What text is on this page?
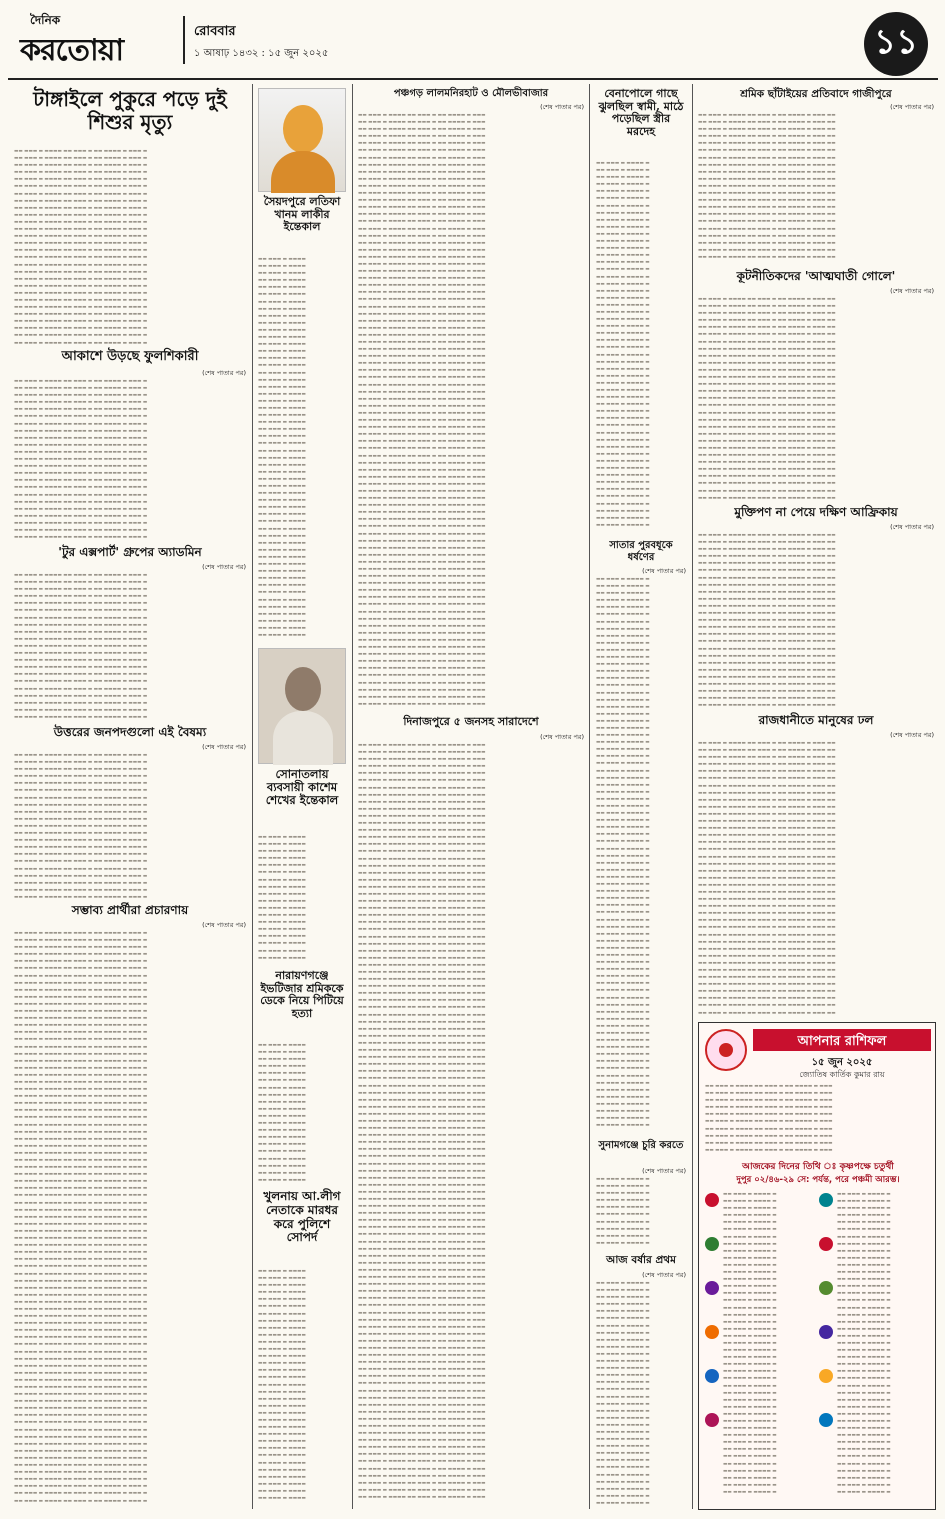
দৈনিক
করতোয়া
রোববার
১ আষাঢ় ১৪৩২ : ১৫ জুন ২০২৫	১১
টাঙ্গাইলে পুকুরে পড়ে দুই শিশুর মৃত্যু
▬▬ ▬▬▬ ▬ ▬▬▬▬ ▬▬ ▬▬▬ ▬ ▬▬ ▬▬▬▬ ▬ ▬▬▬ ▬
▬▬ ▬▬▬ ▬ ▬▬▬▬ ▬▬ ▬▬▬ ▬ ▬▬ ▬▬▬▬ ▬ ▬▬▬ ▬
▬▬ ▬▬▬ ▬ ▬▬▬▬ ▬▬ ▬▬▬ ▬ ▬▬ ▬▬▬▬ ▬ ▬▬▬ ▬
▬▬ ▬▬▬ ▬ ▬▬▬▬ ▬▬ ▬▬▬ ▬ ▬▬ ▬▬▬▬ ▬ ▬▬▬ ▬
▬▬ ▬▬▬ ▬ ▬▬▬▬ ▬▬ ▬▬▬ ▬ ▬▬ ▬▬▬▬ ▬ ▬▬▬ ▬
▬▬ ▬▬▬ ▬ ▬▬▬▬ ▬▬ ▬▬▬ ▬ ▬▬ ▬▬▬▬ ▬ ▬▬▬ ▬
▬▬ ▬▬▬ ▬ ▬▬▬▬ ▬▬ ▬▬▬ ▬ ▬▬ ▬▬▬▬ ▬ ▬▬▬ ▬
▬▬ ▬▬▬ ▬ ▬▬▬▬ ▬▬ ▬▬▬ ▬ ▬▬ ▬▬▬▬ ▬ ▬▬▬ ▬
▬▬ ▬▬▬ ▬ ▬▬▬▬ ▬▬ ▬▬▬ ▬ ▬▬ ▬▬▬▬ ▬ ▬▬▬ ▬
▬▬ ▬▬▬ ▬ ▬▬▬▬ ▬▬ ▬▬▬ ▬ ▬▬ ▬▬▬▬ ▬ ▬▬▬ ▬
▬▬ ▬▬▬ ▬ ▬▬▬▬ ▬▬ ▬▬▬ ▬ ▬▬ ▬▬▬▬ ▬ ▬▬▬ ▬
▬▬ ▬▬▬ ▬ ▬▬▬▬ ▬▬ ▬▬▬ ▬ ▬▬ ▬▬▬▬ ▬ ▬▬▬ ▬
▬▬ ▬▬▬ ▬ ▬▬▬▬ ▬▬ ▬▬▬ ▬ ▬▬ ▬▬▬▬ ▬ ▬▬▬ ▬
▬▬ ▬▬▬ ▬ ▬▬▬▬ ▬▬ ▬▬▬ ▬ ▬▬ ▬▬▬▬ ▬ ▬▬▬ ▬
▬▬ ▬▬▬ ▬ ▬▬▬▬ ▬▬ ▬▬▬ ▬ ▬▬ ▬▬▬▬ ▬ ▬▬▬ ▬
▬▬ ▬▬▬ ▬ ▬▬▬▬ ▬▬ ▬▬▬ ▬ ▬▬ ▬▬▬▬ ▬ ▬▬▬ ▬
▬▬ ▬▬▬ ▬ ▬▬▬▬ ▬▬ ▬▬▬ ▬ ▬▬ ▬▬▬▬ ▬ ▬▬▬ ▬
▬▬ ▬▬▬ ▬ ▬▬▬▬ ▬▬ ▬▬▬ ▬ ▬▬ ▬▬▬▬ ▬ ▬▬▬ ▬
▬▬ ▬▬▬ ▬ ▬▬▬▬ ▬▬ ▬▬▬ ▬ ▬▬ ▬▬▬▬ ▬ ▬▬▬ ▬
▬▬ ▬▬▬ ▬ ▬▬▬▬ ▬▬ ▬▬▬ ▬ ▬▬ ▬▬▬▬ ▬ ▬▬▬ ▬
▬▬ ▬▬▬ ▬ ▬▬▬▬ ▬▬ ▬▬▬ ▬ ▬▬ ▬▬▬▬ ▬ ▬▬▬ ▬
▬▬ ▬▬▬ ▬ ▬▬▬▬ ▬▬ ▬▬▬ ▬ ▬▬ ▬▬▬▬ ▬ ▬▬▬ ▬
▬▬ ▬▬▬ ▬ ▬▬▬▬ ▬▬ ▬▬▬ ▬ ▬▬ ▬▬▬▬ ▬ ▬▬▬ ▬
▬▬ ▬▬▬ ▬ ▬▬▬▬ ▬▬ ▬▬▬ ▬ ▬▬ ▬▬▬▬ ▬ ▬▬▬ ▬
▬▬ ▬▬▬ ▬ ▬▬▬▬ ▬▬ ▬▬▬ ▬ ▬▬ ▬▬▬▬ ▬ ▬▬▬ ▬
▬▬ ▬▬▬ ▬ ▬▬▬▬ ▬▬ ▬▬▬ ▬ ▬▬ ▬▬▬▬ ▬ ▬▬▬ ▬
▬▬ ▬▬▬ ▬ ▬▬▬▬ ▬▬ ▬▬▬ ▬ ▬▬ ▬▬▬▬ ▬ ▬▬▬ ▬
▬▬ ▬▬▬ ▬ ▬▬▬▬ ▬▬ ▬▬▬ ▬ ▬▬ ▬▬▬▬ ▬ ▬▬▬ ▬

আকাশে উড়ছে ফুলশিকারী
(শেষ পাতার পর)
▬▬ ▬▬▬ ▬ ▬▬▬▬ ▬▬ ▬▬▬ ▬ ▬▬ ▬▬▬▬ ▬ ▬▬▬ ▬
▬▬ ▬▬▬ ▬ ▬▬▬▬ ▬▬ ▬▬▬ ▬ ▬▬ ▬▬▬▬ ▬ ▬▬▬ ▬
▬▬ ▬▬▬ ▬ ▬▬▬▬ ▬▬ ▬▬▬ ▬ ▬▬ ▬▬▬▬ ▬ ▬▬▬ ▬
▬▬ ▬▬▬ ▬ ▬▬▬▬ ▬▬ ▬▬▬ ▬ ▬▬ ▬▬▬▬ ▬ ▬▬▬ ▬
▬▬ ▬▬▬ ▬ ▬▬▬▬ ▬▬ ▬▬▬ ▬ ▬▬ ▬▬▬▬ ▬ ▬▬▬ ▬
▬▬ ▬▬▬ ▬ ▬▬▬▬ ▬▬ ▬▬▬ ▬ ▬▬ ▬▬▬▬ ▬ ▬▬▬ ▬
▬▬ ▬▬▬ ▬ ▬▬▬▬ ▬▬ ▬▬▬ ▬ ▬▬ ▬▬▬▬ ▬ ▬▬▬ ▬
▬▬ ▬▬▬ ▬ ▬▬▬▬ ▬▬ ▬▬▬ ▬ ▬▬ ▬▬▬▬ ▬ ▬▬▬ ▬
▬▬ ▬▬▬ ▬ ▬▬▬▬ ▬▬ ▬▬▬ ▬ ▬▬ ▬▬▬▬ ▬ ▬▬▬ ▬
▬▬ ▬▬▬ ▬ ▬▬▬▬ ▬▬ ▬▬▬ ▬ ▬▬ ▬▬▬▬ ▬ ▬▬▬ ▬
▬▬ ▬▬▬ ▬ ▬▬▬▬ ▬▬ ▬▬▬ ▬ ▬▬ ▬▬▬▬ ▬ ▬▬▬ ▬
▬▬ ▬▬▬ ▬ ▬▬▬▬ ▬▬ ▬▬▬ ▬ ▬▬ ▬▬▬▬ ▬ ▬▬▬ ▬
▬▬ ▬▬▬ ▬ ▬▬▬▬ ▬▬ ▬▬▬ ▬ ▬▬ ▬▬▬▬ ▬ ▬▬▬ ▬
▬▬ ▬▬▬ ▬ ▬▬▬▬ ▬▬ ▬▬▬ ▬ ▬▬ ▬▬▬▬ ▬ ▬▬▬ ▬
▬▬ ▬▬▬ ▬ ▬▬▬▬ ▬▬ ▬▬▬ ▬ ▬▬ ▬▬▬▬ ▬ ▬▬▬ ▬
▬▬ ▬▬▬ ▬ ▬▬▬▬ ▬▬ ▬▬▬ ▬ ▬▬ ▬▬▬▬ ▬ ▬▬▬ ▬
▬▬ ▬▬▬ ▬ ▬▬▬▬ ▬▬ ▬▬▬ ▬ ▬▬ ▬▬▬▬ ▬ ▬▬▬ ▬
▬▬ ▬▬▬ ▬ ▬▬▬▬ ▬▬ ▬▬▬ ▬ ▬▬ ▬▬▬▬ ▬ ▬▬▬ ▬
▬▬ ▬▬▬ ▬ ▬▬▬▬ ▬▬ ▬▬▬ ▬ ▬▬ ▬▬▬▬ ▬ ▬▬▬ ▬
▬▬ ▬▬▬ ▬ ▬▬▬▬ ▬▬ ▬▬▬ ▬ ▬▬ ▬▬▬▬ ▬ ▬▬▬ ▬
▬▬ ▬▬▬ ▬ ▬▬▬▬ ▬▬ ▬▬▬ ▬ ▬▬ ▬▬▬▬ ▬ ▬▬▬ ▬
▬▬ ▬▬▬ ▬ ▬▬▬▬ ▬▬ ▬▬▬ ▬ ▬▬ ▬▬▬▬ ▬ ▬▬▬ ▬
▬▬ ▬▬▬ ▬ ▬▬▬▬ ▬▬ ▬▬▬ ▬ ▬▬ ▬▬▬▬ ▬ ▬▬▬ ▬

'টুর এক্সপার্ট' গ্রুপের অ্যাডমিন
(শেষ পাতার পর)
▬▬ ▬▬▬ ▬ ▬▬▬▬ ▬▬ ▬▬▬ ▬ ▬▬ ▬▬▬▬ ▬ ▬▬▬ ▬
▬▬ ▬▬▬ ▬ ▬▬▬▬ ▬▬ ▬▬▬ ▬ ▬▬ ▬▬▬▬ ▬ ▬▬▬ ▬
▬▬ ▬▬▬ ▬ ▬▬▬▬ ▬▬ ▬▬▬ ▬ ▬▬ ▬▬▬▬ ▬ ▬▬▬ ▬
▬▬ ▬▬▬ ▬ ▬▬▬▬ ▬▬ ▬▬▬ ▬ ▬▬ ▬▬▬▬ ▬ ▬▬▬ ▬
▬▬ ▬▬▬ ▬ ▬▬▬▬ ▬▬ ▬▬▬ ▬ ▬▬ ▬▬▬▬ ▬ ▬▬▬ ▬
▬▬ ▬▬▬ ▬ ▬▬▬▬ ▬▬ ▬▬▬ ▬ ▬▬ ▬▬▬▬ ▬ ▬▬▬ ▬
▬▬ ▬▬▬ ▬ ▬▬▬▬ ▬▬ ▬▬▬ ▬ ▬▬ ▬▬▬▬ ▬ ▬▬▬ ▬
▬▬ ▬▬▬ ▬ ▬▬▬▬ ▬▬ ▬▬▬ ▬ ▬▬ ▬▬▬▬ ▬ ▬▬▬ ▬
▬▬ ▬▬▬ ▬ ▬▬▬▬ ▬▬ ▬▬▬ ▬ ▬▬ ▬▬▬▬ ▬ ▬▬▬ ▬
▬▬ ▬▬▬ ▬ ▬▬▬▬ ▬▬ ▬▬▬ ▬ ▬▬ ▬▬▬▬ ▬ ▬▬▬ ▬
▬▬ ▬▬▬ ▬ ▬▬▬▬ ▬▬ ▬▬▬ ▬ ▬▬ ▬▬▬▬ ▬ ▬▬▬ ▬
▬▬ ▬▬▬ ▬ ▬▬▬▬ ▬▬ ▬▬▬ ▬ ▬▬ ▬▬▬▬ ▬ ▬▬▬ ▬
▬▬ ▬▬▬ ▬ ▬▬▬▬ ▬▬ ▬▬▬ ▬ ▬▬ ▬▬▬▬ ▬ ▬▬▬ ▬
▬▬ ▬▬▬ ▬ ▬▬▬▬ ▬▬ ▬▬▬ ▬ ▬▬ ▬▬▬▬ ▬ ▬▬▬ ▬
▬▬ ▬▬▬ ▬ ▬▬▬▬ ▬▬ ▬▬▬ ▬ ▬▬ ▬▬▬▬ ▬ ▬▬▬ ▬
▬▬ ▬▬▬ ▬ ▬▬▬▬ ▬▬ ▬▬▬ ▬ ▬▬ ▬▬▬▬ ▬ ▬▬▬ ▬
▬▬ ▬▬▬ ▬ ▬▬▬▬ ▬▬ ▬▬▬ ▬ ▬▬ ▬▬▬▬ ▬ ▬▬▬ ▬
▬▬ ▬▬▬ ▬ ▬▬▬▬ ▬▬ ▬▬▬ ▬ ▬▬ ▬▬▬▬ ▬ ▬▬▬ ▬
▬▬ ▬▬▬ ▬ ▬▬▬▬ ▬▬ ▬▬▬ ▬ ▬▬ ▬▬▬▬ ▬ ▬▬▬ ▬
▬▬ ▬▬▬ ▬ ▬▬▬▬ ▬▬ ▬▬▬ ▬ ▬▬ ▬▬▬▬ ▬ ▬▬▬ ▬
▬▬ ▬▬▬ ▬ ▬▬▬▬ ▬▬ ▬▬▬ ▬ ▬▬ ▬▬▬▬ ▬ ▬▬▬ ▬

উত্তরের জনপদগুলো এই বৈষম্য
(শেষ পাতার পর)
▬▬ ▬▬▬ ▬ ▬▬▬▬ ▬▬ ▬▬▬ ▬ ▬▬ ▬▬▬▬ ▬ ▬▬▬ ▬
▬▬ ▬▬▬ ▬ ▬▬▬▬ ▬▬ ▬▬▬ ▬ ▬▬ ▬▬▬▬ ▬ ▬▬▬ ▬
▬▬ ▬▬▬ ▬ ▬▬▬▬ ▬▬ ▬▬▬ ▬ ▬▬ ▬▬▬▬ ▬ ▬▬▬ ▬
▬▬ ▬▬▬ ▬ ▬▬▬▬ ▬▬ ▬▬▬ ▬ ▬▬ ▬▬▬▬ ▬ ▬▬▬ ▬
▬▬ ▬▬▬ ▬ ▬▬▬▬ ▬▬ ▬▬▬ ▬ ▬▬ ▬▬▬▬ ▬ ▬▬▬ ▬
▬▬ ▬▬▬ ▬ ▬▬▬▬ ▬▬ ▬▬▬ ▬ ▬▬ ▬▬▬▬ ▬ ▬▬▬ ▬
▬▬ ▬▬▬ ▬ ▬▬▬▬ ▬▬ ▬▬▬ ▬ ▬▬ ▬▬▬▬ ▬ ▬▬▬ ▬
▬▬ ▬▬▬ ▬ ▬▬▬▬ ▬▬ ▬▬▬ ▬ ▬▬ ▬▬▬▬ ▬ ▬▬▬ ▬
▬▬ ▬▬▬ ▬ ▬▬▬▬ ▬▬ ▬▬▬ ▬ ▬▬ ▬▬▬▬ ▬ ▬▬▬ ▬
▬▬ ▬▬▬ ▬ ▬▬▬▬ ▬▬ ▬▬▬ ▬ ▬▬ ▬▬▬▬ ▬ ▬▬▬ ▬
▬▬ ▬▬▬ ▬ ▬▬▬▬ ▬▬ ▬▬▬ ▬ ▬▬ ▬▬▬▬ ▬ ▬▬▬ ▬
▬▬ ▬▬▬ ▬ ▬▬▬▬ ▬▬ ▬▬▬ ▬ ▬▬ ▬▬▬▬ ▬ ▬▬▬ ▬
▬▬ ▬▬▬ ▬ ▬▬▬▬ ▬▬ ▬▬▬ ▬ ▬▬ ▬▬▬▬ ▬ ▬▬▬ ▬
▬▬ ▬▬▬ ▬ ▬▬▬▬ ▬▬ ▬▬▬ ▬ ▬▬ ▬▬▬▬ ▬ ▬▬▬ ▬
▬▬ ▬▬▬ ▬ ▬▬▬▬ ▬▬ ▬▬▬ ▬ ▬▬ ▬▬▬▬ ▬ ▬▬▬ ▬
▬▬ ▬▬▬ ▬ ▬▬▬▬ ▬▬ ▬▬▬ ▬ ▬▬ ▬▬▬▬ ▬ ▬▬▬ ▬
▬▬ ▬▬▬ ▬ ▬▬▬▬ ▬▬ ▬▬▬ ▬ ▬▬ ▬▬▬▬ ▬ ▬▬▬ ▬
▬▬ ▬▬▬ ▬ ▬▬▬▬ ▬▬ ▬▬▬ ▬ ▬▬ ▬▬▬▬ ▬ ▬▬▬ ▬
▬▬ ▬▬▬ ▬ ▬▬▬▬ ▬▬ ▬▬▬ ▬ ▬▬ ▬▬▬▬ ▬ ▬▬▬ ▬
▬▬ ▬▬▬ ▬ ▬▬▬▬ ▬▬ ▬▬▬ ▬ ▬▬ ▬▬▬▬ ▬ ▬▬▬ ▬
▬▬ ▬▬▬ ▬ ▬▬▬▬ ▬▬ ▬▬▬ ▬ ▬▬ ▬▬▬▬ ▬ ▬▬▬ ▬

সম্ভাব্য প্রার্থীরা প্রচারণায়
(শেষ পাতার পর)
▬▬ ▬▬▬ ▬ ▬▬▬▬ ▬▬ ▬▬▬ ▬ ▬▬ ▬▬▬▬ ▬ ▬▬▬ ▬
▬▬ ▬▬▬ ▬ ▬▬▬▬ ▬▬ ▬▬▬ ▬ ▬▬ ▬▬▬▬ ▬ ▬▬▬ ▬
▬▬ ▬▬▬ ▬ ▬▬▬▬ ▬▬ ▬▬▬ ▬ ▬▬ ▬▬▬▬ ▬ ▬▬▬ ▬
▬▬ ▬▬▬ ▬ ▬▬▬▬ ▬▬ ▬▬▬ ▬ ▬▬ ▬▬▬▬ ▬ ▬▬▬ ▬
▬▬ ▬▬▬ ▬ ▬▬▬▬ ▬▬ ▬▬▬ ▬ ▬▬ ▬▬▬▬ ▬ ▬▬▬ ▬
▬▬ ▬▬▬ ▬ ▬▬▬▬ ▬▬ ▬▬▬ ▬ ▬▬ ▬▬▬▬ ▬ ▬▬▬ ▬
▬▬ ▬▬▬ ▬ ▬▬▬▬ ▬▬ ▬▬▬ ▬ ▬▬ ▬▬▬▬ ▬ ▬▬▬ ▬
▬▬ ▬▬▬ ▬ ▬▬▬▬ ▬▬ ▬▬▬ ▬ ▬▬ ▬▬▬▬ ▬ ▬▬▬ ▬
▬▬ ▬▬▬ ▬ ▬▬▬▬ ▬▬ ▬▬▬ ▬ ▬▬ ▬▬▬▬ ▬ ▬▬▬ ▬
▬▬ ▬▬▬ ▬ ▬▬▬▬ ▬▬ ▬▬▬ ▬ ▬▬ ▬▬▬▬ ▬ ▬▬▬ ▬
▬▬ ▬▬▬ ▬ ▬▬▬▬ ▬▬ ▬▬▬ ▬ ▬▬ ▬▬▬▬ ▬ ▬▬▬ ▬
▬▬ ▬▬▬ ▬ ▬▬▬▬ ▬▬ ▬▬▬ ▬ ▬▬ ▬▬▬▬ ▬ ▬▬▬ ▬
▬▬ ▬▬▬ ▬ ▬▬▬▬ ▬▬ ▬▬▬ ▬ ▬▬ ▬▬▬▬ ▬ ▬▬▬ ▬
▬▬ ▬▬▬ ▬ ▬▬▬▬ ▬▬ ▬▬▬ ▬ ▬▬ ▬▬▬▬ ▬ ▬▬▬ ▬
▬▬ ▬▬▬ ▬ ▬▬▬▬ ▬▬ ▬▬▬ ▬ ▬▬ ▬▬▬▬ ▬ ▬▬▬ ▬
▬▬ ▬▬▬ ▬ ▬▬▬▬ ▬▬ ▬▬▬ ▬ ▬▬ ▬▬▬▬ ▬ ▬▬▬ ▬
▬▬ ▬▬▬ ▬ ▬▬▬▬ ▬▬ ▬▬▬ ▬ ▬▬ ▬▬▬▬ ▬ ▬▬▬ ▬
▬▬ ▬▬▬ ▬ ▬▬▬▬ ▬▬ ▬▬▬ ▬ ▬▬ ▬▬▬▬ ▬ ▬▬▬ ▬
▬▬ ▬▬▬ ▬ ▬▬▬▬ ▬▬ ▬▬▬ ▬ ▬▬ ▬▬▬▬ ▬ ▬▬▬ ▬
▬▬ ▬▬▬ ▬ ▬▬▬▬ ▬▬ ▬▬▬ ▬ ▬▬ ▬▬▬▬ ▬ ▬▬▬ ▬
▬▬ ▬▬▬ ▬ ▬▬▬▬ ▬▬ ▬▬▬ ▬ ▬▬ ▬▬▬▬ ▬ ▬▬▬ ▬
▬▬ ▬▬▬ ▬ ▬▬▬▬ ▬▬ ▬▬▬ ▬ ▬▬ ▬▬▬▬ ▬ ▬▬▬ ▬
▬▬ ▬▬▬ ▬ ▬▬▬▬ ▬▬ ▬▬▬ ▬ ▬▬ ▬▬▬▬ ▬ ▬▬▬ ▬
▬▬ ▬▬▬ ▬ ▬▬▬▬ ▬▬ ▬▬▬ ▬ ▬▬ ▬▬▬▬ ▬ ▬▬▬ ▬
▬▬ ▬▬▬ ▬ ▬▬▬▬ ▬▬ ▬▬▬ ▬ ▬▬ ▬▬▬▬ ▬ ▬▬▬ ▬
▬▬ ▬▬▬ ▬ ▬▬▬▬ ▬▬ ▬▬▬ ▬ ▬▬ ▬▬▬▬ ▬ ▬▬▬ ▬
▬▬ ▬▬▬ ▬ ▬▬▬▬ ▬▬ ▬▬▬ ▬ ▬▬ ▬▬▬▬ ▬ ▬▬▬ ▬
▬▬ ▬▬▬ ▬ ▬▬▬▬ ▬▬ ▬▬▬ ▬ ▬▬ ▬▬▬▬ ▬ ▬▬▬ ▬
▬▬ ▬▬▬ ▬ ▬▬▬▬ ▬▬ ▬▬▬ ▬ ▬▬ ▬▬▬▬ ▬ ▬▬▬ ▬
▬▬ ▬▬▬ ▬ ▬▬▬▬ ▬▬ ▬▬▬ ▬ ▬▬ ▬▬▬▬ ▬ ▬▬▬ ▬
▬▬ ▬▬▬ ▬ ▬▬▬▬ ▬▬ ▬▬▬ ▬ ▬▬ ▬▬▬▬ ▬ ▬▬▬ ▬
▬▬ ▬▬▬ ▬ ▬▬▬▬ ▬▬ ▬▬▬ ▬ ▬▬ ▬▬▬▬ ▬ ▬▬▬ ▬
▬▬ ▬▬▬ ▬ ▬▬▬▬ ▬▬ ▬▬▬ ▬ ▬▬ ▬▬▬▬ ▬ ▬▬▬ ▬
▬▬ ▬▬▬ ▬ ▬▬▬▬ ▬▬ ▬▬▬ ▬ ▬▬ ▬▬▬▬ ▬ ▬▬▬ ▬
▬▬ ▬▬▬ ▬ ▬▬▬▬ ▬▬ ▬▬▬ ▬ ▬▬ ▬▬▬▬ ▬ ▬▬▬ ▬
▬▬ ▬▬▬ ▬ ▬▬▬▬ ▬▬ ▬▬▬ ▬ ▬▬ ▬▬▬▬ ▬ ▬▬▬ ▬
▬▬ ▬▬▬ ▬ ▬▬▬▬ ▬▬ ▬▬▬ ▬ ▬▬ ▬▬▬▬ ▬ ▬▬▬ ▬
▬▬ ▬▬▬ ▬ ▬▬▬▬ ▬▬ ▬▬▬ ▬ ▬▬ ▬▬▬▬ ▬ ▬▬▬ ▬
▬▬ ▬▬▬ ▬ ▬▬▬▬ ▬▬ ▬▬▬ ▬ ▬▬ ▬▬▬▬ ▬ ▬▬▬ ▬
▬▬ ▬▬▬ ▬ ▬▬▬▬ ▬▬ ▬▬▬ ▬ ▬▬ ▬▬▬▬ ▬ ▬▬▬ ▬
▬▬ ▬▬▬ ▬ ▬▬▬▬ ▬▬ ▬▬▬ ▬ ▬▬ ▬▬▬▬ ▬ ▬▬▬ ▬
▬▬ ▬▬▬ ▬ ▬▬▬▬ ▬▬ ▬▬▬ ▬ ▬▬ ▬▬▬▬ ▬ ▬▬▬ ▬
▬▬ ▬▬▬ ▬ ▬▬▬▬ ▬▬ ▬▬▬ ▬ ▬▬ ▬▬▬▬ ▬ ▬▬▬ ▬
▬▬ ▬▬▬ ▬ ▬▬▬▬ ▬▬ ▬▬▬ ▬ ▬▬ ▬▬▬▬ ▬ ▬▬▬ ▬
▬▬ ▬▬▬ ▬ ▬▬▬▬ ▬▬ ▬▬▬ ▬ ▬▬ ▬▬▬▬ ▬ ▬▬▬ ▬
▬▬ ▬▬▬ ▬ ▬▬▬▬ ▬▬ ▬▬▬ ▬ ▬▬ ▬▬▬▬ ▬ ▬▬▬ ▬
▬▬ ▬▬▬ ▬ ▬▬▬▬ ▬▬ ▬▬▬ ▬ ▬▬ ▬▬▬▬ ▬ ▬▬▬ ▬
▬▬ ▬▬▬ ▬ ▬▬▬▬ ▬▬ ▬▬▬ ▬ ▬▬ ▬▬▬▬ ▬ ▬▬▬ ▬
▬▬ ▬▬▬ ▬ ▬▬▬▬ ▬▬ ▬▬▬ ▬ ▬▬ ▬▬▬▬ ▬ ▬▬▬ ▬
▬▬ ▬▬▬ ▬ ▬▬▬▬ ▬▬ ▬▬▬ ▬ ▬▬ ▬▬▬▬ ▬ ▬▬▬ ▬
▬▬ ▬▬▬ ▬ ▬▬▬▬ ▬▬ ▬▬▬ ▬ ▬▬ ▬▬▬▬ ▬ ▬▬▬ ▬
▬▬ ▬▬▬ ▬ ▬▬▬▬ ▬▬ ▬▬▬ ▬ ▬▬ ▬▬▬▬ ▬ ▬▬▬ ▬
▬▬ ▬▬▬ ▬ ▬▬▬▬ ▬▬ ▬▬▬ ▬ ▬▬ ▬▬▬▬ ▬ ▬▬▬ ▬
▬▬ ▬▬▬ ▬ ▬▬▬▬ ▬▬ ▬▬▬ ▬ ▬▬ ▬▬▬▬ ▬ ▬▬▬ ▬
▬▬ ▬▬▬ ▬ ▬▬▬▬ ▬▬ ▬▬▬ ▬ ▬▬ ▬▬▬▬ ▬ ▬▬▬ ▬
▬▬ ▬▬▬ ▬ ▬▬▬▬ ▬▬ ▬▬▬ ▬ ▬▬ ▬▬▬▬ ▬ ▬▬▬ ▬
▬▬ ▬▬▬ ▬ ▬▬▬▬ ▬▬ ▬▬▬ ▬ ▬▬ ▬▬▬▬ ▬ ▬▬▬ ▬
▬▬ ▬▬▬ ▬ ▬▬▬▬ ▬▬ ▬▬▬ ▬ ▬▬ ▬▬▬▬ ▬ ▬▬▬ ▬
▬▬ ▬▬▬ ▬ ▬▬▬▬ ▬▬ ▬▬▬ ▬ ▬▬ ▬▬▬▬ ▬ ▬▬▬ ▬
▬▬ ▬▬▬ ▬ ▬▬▬▬ ▬▬ ▬▬▬ ▬ ▬▬ ▬▬▬▬ ▬ ▬▬▬ ▬
▬▬ ▬▬▬ ▬ ▬▬▬▬ ▬▬ ▬▬▬ ▬ ▬▬ ▬▬▬▬ ▬ ▬▬▬ ▬
▬▬ ▬▬▬ ▬ ▬▬▬▬ ▬▬ ▬▬▬ ▬ ▬▬ ▬▬▬▬ ▬ ▬▬▬ ▬
▬▬ ▬▬▬ ▬ ▬▬▬▬ ▬▬ ▬▬▬ ▬ ▬▬ ▬▬▬▬ ▬ ▬▬▬ ▬
▬▬ ▬▬▬ ▬ ▬▬▬▬ ▬▬ ▬▬▬ ▬ ▬▬ ▬▬▬▬ ▬ ▬▬▬ ▬
▬▬ ▬▬▬ ▬ ▬▬▬▬ ▬▬ ▬▬▬ ▬ ▬▬ ▬▬▬▬ ▬ ▬▬▬ ▬
▬▬ ▬▬▬ ▬ ▬▬▬▬ ▬▬ ▬▬▬ ▬ ▬▬ ▬▬▬▬ ▬ ▬▬▬ ▬
▬▬ ▬▬▬ ▬ ▬▬▬▬ ▬▬ ▬▬▬ ▬ ▬▬ ▬▬▬▬ ▬ ▬▬▬ ▬
▬▬ ▬▬▬ ▬ ▬▬▬▬ ▬▬ ▬▬▬ ▬ ▬▬ ▬▬▬▬ ▬ ▬▬▬ ▬
▬▬ ▬▬▬ ▬ ▬▬▬▬ ▬▬ ▬▬▬ ▬ ▬▬ ▬▬▬▬ ▬ ▬▬▬ ▬
▬▬ ▬▬▬ ▬ ▬▬▬▬ ▬▬ ▬▬▬ ▬ ▬▬ ▬▬▬▬ ▬ ▬▬▬ ▬
▬▬ ▬▬▬ ▬ ▬▬▬▬ ▬▬ ▬▬▬ ▬ ▬▬ ▬▬▬▬ ▬ ▬▬▬ ▬
▬▬ ▬▬▬ ▬ ▬▬▬▬ ▬▬ ▬▬▬ ▬ ▬▬ ▬▬▬▬ ▬ ▬▬▬ ▬
▬▬ ▬▬▬ ▬ ▬▬▬▬ ▬▬ ▬▬▬ ▬ ▬▬ ▬▬▬▬ ▬ ▬▬▬ ▬
▬▬ ▬▬▬ ▬ ▬▬▬▬ ▬▬ ▬▬▬ ▬ ▬▬ ▬▬▬▬ ▬ ▬▬▬ ▬
▬▬ ▬▬▬ ▬ ▬▬▬▬ ▬▬ ▬▬▬ ▬ ▬▬ ▬▬▬▬ ▬ ▬▬▬ ▬
▬▬ ▬▬▬ ▬ ▬▬▬▬ ▬▬ ▬▬▬ ▬ ▬▬ ▬▬▬▬ ▬ ▬▬▬ ▬
▬▬ ▬▬▬ ▬ ▬▬▬▬ ▬▬ ▬▬▬ ▬ ▬▬ ▬▬▬▬ ▬ ▬▬▬ ▬
▬▬ ▬▬▬ ▬ ▬▬▬▬ ▬▬ ▬▬▬ ▬ ▬▬ ▬▬▬▬ ▬ ▬▬▬ ▬
▬▬ ▬▬▬ ▬ ▬▬▬▬ ▬▬ ▬▬▬ ▬ ▬▬ ▬▬▬▬ ▬ ▬▬▬ ▬
▬▬ ▬▬▬ ▬ ▬▬▬▬ ▬▬ ▬▬▬ ▬ ▬▬ ▬▬▬▬ ▬ ▬▬▬ ▬
▬▬ ▬▬▬ ▬ ▬▬▬▬ ▬▬ ▬▬▬ ▬ ▬▬ ▬▬▬▬ ▬ ▬▬▬ ▬

সৈয়দপুরে লতিফা খানম লাকীর ইন্তেকাল
▬▬ ▬▬▬ ▬ ▬▬▬▬
▬▬ ▬▬▬ ▬ ▬▬▬▬
▬▬ ▬▬▬ ▬ ▬▬▬▬
▬▬ ▬▬▬ ▬ ▬▬▬▬
▬▬ ▬▬▬ ▬ ▬▬▬▬
▬▬ ▬▬▬ ▬ ▬▬▬▬
▬▬ ▬▬▬ ▬ ▬▬▬▬
▬▬ ▬▬▬ ▬ ▬▬▬▬
▬▬ ▬▬▬ ▬ ▬▬▬▬
▬▬ ▬▬▬ ▬ ▬▬▬▬
▬▬ ▬▬▬ ▬ ▬▬▬▬
▬▬ ▬▬▬ ▬ ▬▬▬▬
▬▬ ▬▬▬ ▬ ▬▬▬▬
▬▬ ▬▬▬ ▬ ▬▬▬▬
▬▬ ▬▬▬ ▬ ▬▬▬▬
▬▬ ▬▬▬ ▬ ▬▬▬▬
▬▬ ▬▬▬ ▬ ▬▬▬▬
▬▬ ▬▬▬ ▬ ▬▬▬▬
▬▬ ▬▬▬ ▬ ▬▬▬▬
▬▬ ▬▬▬ ▬ ▬▬▬▬
▬▬ ▬▬▬ ▬ ▬▬▬▬
▬▬ ▬▬▬ ▬ ▬▬▬▬
▬▬ ▬▬▬ ▬ ▬▬▬▬
▬▬ ▬▬▬ ▬ ▬▬▬▬
▬▬ ▬▬▬ ▬ ▬▬▬▬
▬▬ ▬▬▬ ▬ ▬▬▬▬
▬▬ ▬▬▬ ▬ ▬▬▬▬
▬▬ ▬▬▬ ▬ ▬▬▬▬
▬▬ ▬▬▬ ▬ ▬▬▬▬
▬▬ ▬▬▬ ▬ ▬▬▬▬
▬▬ ▬▬▬ ▬ ▬▬▬▬
▬▬ ▬▬▬ ▬ ▬▬▬▬
▬▬ ▬▬▬ ▬ ▬▬▬▬
▬▬ ▬▬▬ ▬ ▬▬▬▬
▬▬ ▬▬▬ ▬ ▬▬▬▬
▬▬ ▬▬▬ ▬ ▬▬▬▬
▬▬ ▬▬▬ ▬ ▬▬▬▬
▬▬ ▬▬▬ ▬ ▬▬▬▬
▬▬ ▬▬▬ ▬ ▬▬▬▬
▬▬ ▬▬▬ ▬ ▬▬▬▬
▬▬ ▬▬▬ ▬ ▬▬▬▬
▬▬ ▬▬▬ ▬ ▬▬▬▬
▬▬ ▬▬▬ ▬ ▬▬▬▬
▬▬ ▬▬▬ ▬ ▬▬▬▬
▬▬ ▬▬▬ ▬ ▬▬▬▬
▬▬ ▬▬▬ ▬ ▬▬▬▬
▬▬ ▬▬▬ ▬ ▬▬▬▬
▬▬ ▬▬▬ ▬ ▬▬▬▬
▬▬ ▬▬▬ ▬ ▬▬▬▬
▬▬ ▬▬▬ ▬ ▬▬▬▬
▬▬ ▬▬▬ ▬ ▬▬▬▬
▬▬ ▬▬▬ ▬ ▬▬▬▬
▬▬ ▬▬▬ ▬ ▬▬▬▬
▬▬ ▬▬▬ ▬ ▬▬▬▬

সোনাতলায় ব্যবসায়ী কাশেম শেখের ইন্তেকাল
▬▬ ▬▬▬ ▬ ▬▬▬▬
▬▬ ▬▬▬ ▬ ▬▬▬▬
▬▬ ▬▬▬ ▬ ▬▬▬▬
▬▬ ▬▬▬ ▬ ▬▬▬▬
▬▬ ▬▬▬ ▬ ▬▬▬▬
▬▬ ▬▬▬ ▬ ▬▬▬▬
▬▬ ▬▬▬ ▬ ▬▬▬▬
▬▬ ▬▬▬ ▬ ▬▬▬▬
▬▬ ▬▬▬ ▬ ▬▬▬▬
▬▬ ▬▬▬ ▬ ▬▬▬▬
▬▬ ▬▬▬ ▬ ▬▬▬▬
▬▬ ▬▬▬ ▬ ▬▬▬▬
▬▬ ▬▬▬ ▬ ▬▬▬▬
▬▬ ▬▬▬ ▬ ▬▬▬▬
▬▬ ▬▬▬ ▬ ▬▬▬▬
▬▬ ▬▬▬ ▬ ▬▬▬▬
▬▬ ▬▬▬ ▬ ▬▬▬▬
▬▬ ▬▬▬ ▬ ▬▬▬▬

নারায়ণগঞ্জে ইভটিজার শ্রমিককে ডেকে নিয়ে পিটিয়ে হত্যা
▬▬ ▬▬▬ ▬ ▬▬▬▬
▬▬ ▬▬▬ ▬ ▬▬▬▬
▬▬ ▬▬▬ ▬ ▬▬▬▬
▬▬ ▬▬▬ ▬ ▬▬▬▬
▬▬ ▬▬▬ ▬ ▬▬▬▬
▬▬ ▬▬▬ ▬ ▬▬▬▬
▬▬ ▬▬▬ ▬ ▬▬▬▬
▬▬ ▬▬▬ ▬ ▬▬▬▬
▬▬ ▬▬▬ ▬ ▬▬▬▬
▬▬ ▬▬▬ ▬ ▬▬▬▬
▬▬ ▬▬▬ ▬ ▬▬▬▬
▬▬ ▬▬▬ ▬ ▬▬▬▬
▬▬ ▬▬▬ ▬ ▬▬▬▬
▬▬ ▬▬▬ ▬ ▬▬▬▬
▬▬ ▬▬▬ ▬ ▬▬▬▬
▬▬ ▬▬▬ ▬ ▬▬▬▬
▬▬ ▬▬▬ ▬ ▬▬▬▬
▬▬ ▬▬▬ ▬ ▬▬▬▬
▬▬ ▬▬▬ ▬ ▬▬▬▬
▬▬ ▬▬▬ ▬ ▬▬▬▬

খুলনায় আ.লীগ নেতাকে মারধর করে পুলিশে সোপর্দ
▬▬ ▬▬▬ ▬ ▬▬▬▬
▬▬ ▬▬▬ ▬ ▬▬▬▬
▬▬ ▬▬▬ ▬ ▬▬▬▬
▬▬ ▬▬▬ ▬ ▬▬▬▬
▬▬ ▬▬▬ ▬ ▬▬▬▬
▬▬ ▬▬▬ ▬ ▬▬▬▬
▬▬ ▬▬▬ ▬ ▬▬▬▬
▬▬ ▬▬▬ ▬ ▬▬▬▬
▬▬ ▬▬▬ ▬ ▬▬▬▬
▬▬ ▬▬▬ ▬ ▬▬▬▬
▬▬ ▬▬▬ ▬ ▬▬▬▬
▬▬ ▬▬▬ ▬ ▬▬▬▬
▬▬ ▬▬▬ ▬ ▬▬▬▬
▬▬ ▬▬▬ ▬ ▬▬▬▬
▬▬ ▬▬▬ ▬ ▬▬▬▬
▬▬ ▬▬▬ ▬ ▬▬▬▬
▬▬ ▬▬▬ ▬ ▬▬▬▬
▬▬ ▬▬▬ ▬ ▬▬▬▬
▬▬ ▬▬▬ ▬ ▬▬▬▬
▬▬ ▬▬▬ ▬ ▬▬▬▬
▬▬ ▬▬▬ ▬ ▬▬▬▬
▬▬ ▬▬▬ ▬ ▬▬▬▬
▬▬ ▬▬▬ ▬ ▬▬▬▬
▬▬ ▬▬▬ ▬ ▬▬▬▬
▬▬ ▬▬▬ ▬ ▬▬▬▬
▬▬ ▬▬▬ ▬ ▬▬▬▬
▬▬ ▬▬▬ ▬ ▬▬▬▬
▬▬ ▬▬▬ ▬ ▬▬▬▬
▬▬ ▬▬▬ ▬ ▬▬▬▬
▬▬ ▬▬▬ ▬ ▬▬▬▬
▬▬ ▬▬▬ ▬ ▬▬▬▬
▬▬ ▬▬▬ ▬ ▬▬▬▬
▬▬ ▬▬▬ ▬ ▬▬▬▬

পঞ্চগড় লালমনিরহাট ও মৌলভীবাজার
(শেষ পাতার পর)
▬▬ ▬▬▬ ▬ ▬▬▬▬ ▬▬ ▬▬▬ ▬ ▬▬ ▬▬▬▬ ▬ ▬▬▬
▬▬ ▬▬▬ ▬ ▬▬▬▬ ▬▬ ▬▬▬ ▬ ▬▬ ▬▬▬▬ ▬ ▬▬▬
▬▬ ▬▬▬ ▬ ▬▬▬▬ ▬▬ ▬▬▬ ▬ ▬▬ ▬▬▬▬ ▬ ▬▬▬
▬▬ ▬▬▬ ▬ ▬▬▬▬ ▬▬ ▬▬▬ ▬ ▬▬ ▬▬▬▬ ▬ ▬▬▬
▬▬ ▬▬▬ ▬ ▬▬▬▬ ▬▬ ▬▬▬ ▬ ▬▬ ▬▬▬▬ ▬ ▬▬▬
▬▬ ▬▬▬ ▬ ▬▬▬▬ ▬▬ ▬▬▬ ▬ ▬▬ ▬▬▬▬ ▬ ▬▬▬
▬▬ ▬▬▬ ▬ ▬▬▬▬ ▬▬ ▬▬▬ ▬ ▬▬ ▬▬▬▬ ▬ ▬▬▬
▬▬ ▬▬▬ ▬ ▬▬▬▬ ▬▬ ▬▬▬ ▬ ▬▬ ▬▬▬▬ ▬ ▬▬▬
▬▬ ▬▬▬ ▬ ▬▬▬▬ ▬▬ ▬▬▬ ▬ ▬▬ ▬▬▬▬ ▬ ▬▬▬
▬▬ ▬▬▬ ▬ ▬▬▬▬ ▬▬ ▬▬▬ ▬ ▬▬ ▬▬▬▬ ▬ ▬▬▬
▬▬ ▬▬▬ ▬ ▬▬▬▬ ▬▬ ▬▬▬ ▬ ▬▬ ▬▬▬▬ ▬ ▬▬▬
▬▬ ▬▬▬ ▬ ▬▬▬▬ ▬▬ ▬▬▬ ▬ ▬▬ ▬▬▬▬ ▬ ▬▬▬
▬▬ ▬▬▬ ▬ ▬▬▬▬ ▬▬ ▬▬▬ ▬ ▬▬ ▬▬▬▬ ▬ ▬▬▬
▬▬ ▬▬▬ ▬ ▬▬▬▬ ▬▬ ▬▬▬ ▬ ▬▬ ▬▬▬▬ ▬ ▬▬▬
▬▬ ▬▬▬ ▬ ▬▬▬▬ ▬▬ ▬▬▬ ▬ ▬▬ ▬▬▬▬ ▬ ▬▬▬
▬▬ ▬▬▬ ▬ ▬▬▬▬ ▬▬ ▬▬▬ ▬ ▬▬ ▬▬▬▬ ▬ ▬▬▬
▬▬ ▬▬▬ ▬ ▬▬▬▬ ▬▬ ▬▬▬ ▬ ▬▬ ▬▬▬▬ ▬ ▬▬▬
▬▬ ▬▬▬ ▬ ▬▬▬▬ ▬▬ ▬▬▬ ▬ ▬▬ ▬▬▬▬ ▬ ▬▬▬
▬▬ ▬▬▬ ▬ ▬▬▬▬ ▬▬ ▬▬▬ ▬ ▬▬ ▬▬▬▬ ▬ ▬▬▬
▬▬ ▬▬▬ ▬ ▬▬▬▬ ▬▬ ▬▬▬ ▬ ▬▬ ▬▬▬▬ ▬ ▬▬▬
▬▬ ▬▬▬ ▬ ▬▬▬▬ ▬▬ ▬▬▬ ▬ ▬▬ ▬▬▬▬ ▬ ▬▬▬
▬▬ ▬▬▬ ▬ ▬▬▬▬ ▬▬ ▬▬▬ ▬ ▬▬ ▬▬▬▬ ▬ ▬▬▬
▬▬ ▬▬▬ ▬ ▬▬▬▬ ▬▬ ▬▬▬ ▬ ▬▬ ▬▬▬▬ ▬ ▬▬▬
▬▬ ▬▬▬ ▬ ▬▬▬▬ ▬▬ ▬▬▬ ▬ ▬▬ ▬▬▬▬ ▬ ▬▬▬
▬▬ ▬▬▬ ▬ ▬▬▬▬ ▬▬ ▬▬▬ ▬ ▬▬ ▬▬▬▬ ▬ ▬▬▬
▬▬ ▬▬▬ ▬ ▬▬▬▬ ▬▬ ▬▬▬ ▬ ▬▬ ▬▬▬▬ ▬ ▬▬▬
▬▬ ▬▬▬ ▬ ▬▬▬▬ ▬▬ ▬▬▬ ▬ ▬▬ ▬▬▬▬ ▬ ▬▬▬
▬▬ ▬▬▬ ▬ ▬▬▬▬ ▬▬ ▬▬▬ ▬ ▬▬ ▬▬▬▬ ▬ ▬▬▬
▬▬ ▬▬▬ ▬ ▬▬▬▬ ▬▬ ▬▬▬ ▬ ▬▬ ▬▬▬▬ ▬ ▬▬▬
▬▬ ▬▬▬ ▬ ▬▬▬▬ ▬▬ ▬▬▬ ▬ ▬▬ ▬▬▬▬ ▬ ▬▬▬
▬▬ ▬▬▬ ▬ ▬▬▬▬ ▬▬ ▬▬▬ ▬ ▬▬ ▬▬▬▬ ▬ ▬▬▬
▬▬ ▬▬▬ ▬ ▬▬▬▬ ▬▬ ▬▬▬ ▬ ▬▬ ▬▬▬▬ ▬ ▬▬▬
▬▬ ▬▬▬ ▬ ▬▬▬▬ ▬▬ ▬▬▬ ▬ ▬▬ ▬▬▬▬ ▬ ▬▬▬
▬▬ ▬▬▬ ▬ ▬▬▬▬ ▬▬ ▬▬▬ ▬ ▬▬ ▬▬▬▬ ▬ ▬▬▬
▬▬ ▬▬▬ ▬ ▬▬▬▬ ▬▬ ▬▬▬ ▬ ▬▬ ▬▬▬▬ ▬ ▬▬▬
▬▬ ▬▬▬ ▬ ▬▬▬▬ ▬▬ ▬▬▬ ▬ ▬▬ ▬▬▬▬ ▬ ▬▬▬
▬▬ ▬▬▬ ▬ ▬▬▬▬ ▬▬ ▬▬▬ ▬ ▬▬ ▬▬▬▬ ▬ ▬▬▬
▬▬ ▬▬▬ ▬ ▬▬▬▬ ▬▬ ▬▬▬ ▬ ▬▬ ▬▬▬▬ ▬ ▬▬▬
▬▬ ▬▬▬ ▬ ▬▬▬▬ ▬▬ ▬▬▬ ▬ ▬▬ ▬▬▬▬ ▬ ▬▬▬
▬▬ ▬▬▬ ▬ ▬▬▬▬ ▬▬ ▬▬▬ ▬ ▬▬ ▬▬▬▬ ▬ ▬▬▬
▬▬ ▬▬▬ ▬ ▬▬▬▬ ▬▬ ▬▬▬ ▬ ▬▬ ▬▬▬▬ ▬ ▬▬▬
▬▬ ▬▬▬ ▬ ▬▬▬▬ ▬▬ ▬▬▬ ▬ ▬▬ ▬▬▬▬ ▬ ▬▬▬
▬▬ ▬▬▬ ▬ ▬▬▬▬ ▬▬ ▬▬▬ ▬ ▬▬ ▬▬▬▬ ▬ ▬▬▬
▬▬ ▬▬▬ ▬ ▬▬▬▬ ▬▬ ▬▬▬ ▬ ▬▬ ▬▬▬▬ ▬ ▬▬▬
▬▬ ▬▬▬ ▬ ▬▬▬▬ ▬▬ ▬▬▬ ▬ ▬▬ ▬▬▬▬ ▬ ▬▬▬
▬▬ ▬▬▬ ▬ ▬▬▬▬ ▬▬ ▬▬▬ ▬ ▬▬ ▬▬▬▬ ▬ ▬▬▬
▬▬ ▬▬▬ ▬ ▬▬▬▬ ▬▬ ▬▬▬ ▬ ▬▬ ▬▬▬▬ ▬ ▬▬▬
▬▬ ▬▬▬ ▬ ▬▬▬▬ ▬▬ ▬▬▬ ▬ ▬▬ ▬▬▬▬ ▬ ▬▬▬
▬▬ ▬▬▬ ▬ ▬▬▬▬ ▬▬ ▬▬▬ ▬ ▬▬ ▬▬▬▬ ▬ ▬▬▬
▬▬ ▬▬▬ ▬ ▬▬▬▬ ▬▬ ▬▬▬ ▬ ▬▬ ▬▬▬▬ ▬ ▬▬▬
▬▬ ▬▬▬ ▬ ▬▬▬▬ ▬▬ ▬▬▬ ▬ ▬▬ ▬▬▬▬ ▬ ▬▬▬
▬▬ ▬▬▬ ▬ ▬▬▬▬ ▬▬ ▬▬▬ ▬ ▬▬ ▬▬▬▬ ▬ ▬▬▬
▬▬ ▬▬▬ ▬ ▬▬▬▬ ▬▬ ▬▬▬ ▬ ▬▬ ▬▬▬▬ ▬ ▬▬▬
▬▬ ▬▬▬ ▬ ▬▬▬▬ ▬▬ ▬▬▬ ▬ ▬▬ ▬▬▬▬ ▬ ▬▬▬
▬▬ ▬▬▬ ▬ ▬▬▬▬ ▬▬ ▬▬▬ ▬ ▬▬ ▬▬▬▬ ▬ ▬▬▬
▬▬ ▬▬▬ ▬ ▬▬▬▬ ▬▬ ▬▬▬ ▬ ▬▬ ▬▬▬▬ ▬ ▬▬▬
▬▬ ▬▬▬ ▬ ▬▬▬▬ ▬▬ ▬▬▬ ▬ ▬▬ ▬▬▬▬ ▬ ▬▬▬
▬▬ ▬▬▬ ▬ ▬▬▬▬ ▬▬ ▬▬▬ ▬ ▬▬ ▬▬▬▬ ▬ ▬▬▬
▬▬ ▬▬▬ ▬ ▬▬▬▬ ▬▬ ▬▬▬ ▬ ▬▬ ▬▬▬▬ ▬ ▬▬▬
▬▬ ▬▬▬ ▬ ▬▬▬▬ ▬▬ ▬▬▬ ▬ ▬▬ ▬▬▬▬ ▬ ▬▬▬
▬▬ ▬▬▬ ▬ ▬▬▬▬ ▬▬ ▬▬▬ ▬ ▬▬ ▬▬▬▬ ▬ ▬▬▬
▬▬ ▬▬▬ ▬ ▬▬▬▬ ▬▬ ▬▬▬ ▬ ▬▬ ▬▬▬▬ ▬ ▬▬▬
▬▬ ▬▬▬ ▬ ▬▬▬▬ ▬▬ ▬▬▬ ▬ ▬▬ ▬▬▬▬ ▬ ▬▬▬
▬▬ ▬▬▬ ▬ ▬▬▬▬ ▬▬ ▬▬▬ ▬ ▬▬ ▬▬▬▬ ▬ ▬▬▬
▬▬ ▬▬▬ ▬ ▬▬▬▬ ▬▬ ▬▬▬ ▬ ▬▬ ▬▬▬▬ ▬ ▬▬▬
▬▬ ▬▬▬ ▬ ▬▬▬▬ ▬▬ ▬▬▬ ▬ ▬▬ ▬▬▬▬ ▬ ▬▬▬
▬▬ ▬▬▬ ▬ ▬▬▬▬ ▬▬ ▬▬▬ ▬ ▬▬ ▬▬▬▬ ▬ ▬▬▬
▬▬ ▬▬▬ ▬ ▬▬▬▬ ▬▬ ▬▬▬ ▬ ▬▬ ▬▬▬▬ ▬ ▬▬▬
▬▬ ▬▬▬ ▬ ▬▬▬▬ ▬▬ ▬▬▬ ▬ ▬▬ ▬▬▬▬ ▬ ▬▬▬
▬▬ ▬▬▬ ▬ ▬▬▬▬ ▬▬ ▬▬▬ ▬ ▬▬ ▬▬▬▬ ▬ ▬▬▬
▬▬ ▬▬▬ ▬ ▬▬▬▬ ▬▬ ▬▬▬ ▬ ▬▬ ▬▬▬▬ ▬ ▬▬▬
▬▬ ▬▬▬ ▬ ▬▬▬▬ ▬▬ ▬▬▬ ▬ ▬▬ ▬▬▬▬ ▬ ▬▬▬
▬▬ ▬▬▬ ▬ ▬▬▬▬ ▬▬ ▬▬▬ ▬ ▬▬ ▬▬▬▬ ▬ ▬▬▬
▬▬ ▬▬▬ ▬ ▬▬▬▬ ▬▬ ▬▬▬ ▬ ▬▬ ▬▬▬▬ ▬ ▬▬▬
▬▬ ▬▬▬ ▬ ▬▬▬▬ ▬▬ ▬▬▬ ▬ ▬▬ ▬▬▬▬ ▬ ▬▬▬
▬▬ ▬▬▬ ▬ ▬▬▬▬ ▬▬ ▬▬▬ ▬ ▬▬ ▬▬▬▬ ▬ ▬▬▬
▬▬ ▬▬▬ ▬ ▬▬▬▬ ▬▬ ▬▬▬ ▬ ▬▬ ▬▬▬▬ ▬ ▬▬▬
▬▬ ▬▬▬ ▬ ▬▬▬▬ ▬▬ ▬▬▬ ▬ ▬▬ ▬▬▬▬ ▬ ▬▬▬
▬▬ ▬▬▬ ▬ ▬▬▬▬ ▬▬ ▬▬▬ ▬ ▬▬ ▬▬▬▬ ▬ ▬▬▬
▬▬ ▬▬▬ ▬ ▬▬▬▬ ▬▬ ▬▬▬ ▬ ▬▬ ▬▬▬▬ ▬ ▬▬▬
▬▬ ▬▬▬ ▬ ▬▬▬▬ ▬▬ ▬▬▬ ▬ ▬▬ ▬▬▬▬ ▬ ▬▬▬
▬▬ ▬▬▬ ▬ ▬▬▬▬ ▬▬ ▬▬▬ ▬ ▬▬ ▬▬▬▬ ▬ ▬▬▬
▬▬ ▬▬▬ ▬ ▬▬▬▬ ▬▬ ▬▬▬ ▬ ▬▬ ▬▬▬▬ ▬ ▬▬▬
▬▬ ▬▬▬ ▬ ▬▬▬▬ ▬▬ ▬▬▬ ▬ ▬▬ ▬▬▬▬ ▬ ▬▬▬

দিনাজপুরে ৫ জনসহ সারাদেশে
(শেষ পাতার পর)
▬▬ ▬▬▬ ▬ ▬▬▬▬ ▬▬ ▬▬▬ ▬ ▬▬ ▬▬▬▬ ▬ ▬▬▬
▬▬ ▬▬▬ ▬ ▬▬▬▬ ▬▬ ▬▬▬ ▬ ▬▬ ▬▬▬▬ ▬ ▬▬▬
▬▬ ▬▬▬ ▬ ▬▬▬▬ ▬▬ ▬▬▬ ▬ ▬▬ ▬▬▬▬ ▬ ▬▬▬
▬▬ ▬▬▬ ▬ ▬▬▬▬ ▬▬ ▬▬▬ ▬ ▬▬ ▬▬▬▬ ▬ ▬▬▬
▬▬ ▬▬▬ ▬ ▬▬▬▬ ▬▬ ▬▬▬ ▬ ▬▬ ▬▬▬▬ ▬ ▬▬▬
▬▬ ▬▬▬ ▬ ▬▬▬▬ ▬▬ ▬▬▬ ▬ ▬▬ ▬▬▬▬ ▬ ▬▬▬
▬▬ ▬▬▬ ▬ ▬▬▬▬ ▬▬ ▬▬▬ ▬ ▬▬ ▬▬▬▬ ▬ ▬▬▬
▬▬ ▬▬▬ ▬ ▬▬▬▬ ▬▬ ▬▬▬ ▬ ▬▬ ▬▬▬▬ ▬ ▬▬▬
▬▬ ▬▬▬ ▬ ▬▬▬▬ ▬▬ ▬▬▬ ▬ ▬▬ ▬▬▬▬ ▬ ▬▬▬
▬▬ ▬▬▬ ▬ ▬▬▬▬ ▬▬ ▬▬▬ ▬ ▬▬ ▬▬▬▬ ▬ ▬▬▬
▬▬ ▬▬▬ ▬ ▬▬▬▬ ▬▬ ▬▬▬ ▬ ▬▬ ▬▬▬▬ ▬ ▬▬▬
▬▬ ▬▬▬ ▬ ▬▬▬▬ ▬▬ ▬▬▬ ▬ ▬▬ ▬▬▬▬ ▬ ▬▬▬
▬▬ ▬▬▬ ▬ ▬▬▬▬ ▬▬ ▬▬▬ ▬ ▬▬ ▬▬▬▬ ▬ ▬▬▬
▬▬ ▬▬▬ ▬ ▬▬▬▬ ▬▬ ▬▬▬ ▬ ▬▬ ▬▬▬▬ ▬ ▬▬▬
▬▬ ▬▬▬ ▬ ▬▬▬▬ ▬▬ ▬▬▬ ▬ ▬▬ ▬▬▬▬ ▬ ▬▬▬
▬▬ ▬▬▬ ▬ ▬▬▬▬ ▬▬ ▬▬▬ ▬ ▬▬ ▬▬▬▬ ▬ ▬▬▬
▬▬ ▬▬▬ ▬ ▬▬▬▬ ▬▬ ▬▬▬ ▬ ▬▬ ▬▬▬▬ ▬ ▬▬▬
▬▬ ▬▬▬ ▬ ▬▬▬▬ ▬▬ ▬▬▬ ▬ ▬▬ ▬▬▬▬ ▬ ▬▬▬
▬▬ ▬▬▬ ▬ ▬▬▬▬ ▬▬ ▬▬▬ ▬ ▬▬ ▬▬▬▬ ▬ ▬▬▬
▬▬ ▬▬▬ ▬ ▬▬▬▬ ▬▬ ▬▬▬ ▬ ▬▬ ▬▬▬▬ ▬ ▬▬▬
▬▬ ▬▬▬ ▬ ▬▬▬▬ ▬▬ ▬▬▬ ▬ ▬▬ ▬▬▬▬ ▬ ▬▬▬
▬▬ ▬▬▬ ▬ ▬▬▬▬ ▬▬ ▬▬▬ ▬ ▬▬ ▬▬▬▬ ▬ ▬▬▬
▬▬ ▬▬▬ ▬ ▬▬▬▬ ▬▬ ▬▬▬ ▬ ▬▬ ▬▬▬▬ ▬ ▬▬▬
▬▬ ▬▬▬ ▬ ▬▬▬▬ ▬▬ ▬▬▬ ▬ ▬▬ ▬▬▬▬ ▬ ▬▬▬
▬▬ ▬▬▬ ▬ ▬▬▬▬ ▬▬ ▬▬▬ ▬ ▬▬ ▬▬▬▬ ▬ ▬▬▬
▬▬ ▬▬▬ ▬ ▬▬▬▬ ▬▬ ▬▬▬ ▬ ▬▬ ▬▬▬▬ ▬ ▬▬▬
▬▬ ▬▬▬ ▬ ▬▬▬▬ ▬▬ ▬▬▬ ▬ ▬▬ ▬▬▬▬ ▬ ▬▬▬
▬▬ ▬▬▬ ▬ ▬▬▬▬ ▬▬ ▬▬▬ ▬ ▬▬ ▬▬▬▬ ▬ ▬▬▬
▬▬ ▬▬▬ ▬ ▬▬▬▬ ▬▬ ▬▬▬ ▬ ▬▬ ▬▬▬▬ ▬ ▬▬▬
▬▬ ▬▬▬ ▬ ▬▬▬▬ ▬▬ ▬▬▬ ▬ ▬▬ ▬▬▬▬ ▬ ▬▬▬
▬▬ ▬▬▬ ▬ ▬▬▬▬ ▬▬ ▬▬▬ ▬ ▬▬ ▬▬▬▬ ▬ ▬▬▬
▬▬ ▬▬▬ ▬ ▬▬▬▬ ▬▬ ▬▬▬ ▬ ▬▬ ▬▬▬▬ ▬ ▬▬▬
▬▬ ▬▬▬ ▬ ▬▬▬▬ ▬▬ ▬▬▬ ▬ ▬▬ ▬▬▬▬ ▬ ▬▬▬
▬▬ ▬▬▬ ▬ ▬▬▬▬ ▬▬ ▬▬▬ ▬ ▬▬ ▬▬▬▬ ▬ ▬▬▬
▬▬ ▬▬▬ ▬ ▬▬▬▬ ▬▬ ▬▬▬ ▬ ▬▬ ▬▬▬▬ ▬ ▬▬▬
▬▬ ▬▬▬ ▬ ▬▬▬▬ ▬▬ ▬▬▬ ▬ ▬▬ ▬▬▬▬ ▬ ▬▬▬
▬▬ ▬▬▬ ▬ ▬▬▬▬ ▬▬ ▬▬▬ ▬ ▬▬ ▬▬▬▬ ▬ ▬▬▬
▬▬ ▬▬▬ ▬ ▬▬▬▬ ▬▬ ▬▬▬ ▬ ▬▬ ▬▬▬▬ ▬ ▬▬▬
▬▬ ▬▬▬ ▬ ▬▬▬▬ ▬▬ ▬▬▬ ▬ ▬▬ ▬▬▬▬ ▬ ▬▬▬
▬▬ ▬▬▬ ▬ ▬▬▬▬ ▬▬ ▬▬▬ ▬ ▬▬ ▬▬▬▬ ▬ ▬▬▬
▬▬ ▬▬▬ ▬ ▬▬▬▬ ▬▬ ▬▬▬ ▬ ▬▬ ▬▬▬▬ ▬ ▬▬▬
▬▬ ▬▬▬ ▬ ▬▬▬▬ ▬▬ ▬▬▬ ▬ ▬▬ ▬▬▬▬ ▬ ▬▬▬
▬▬ ▬▬▬ ▬ ▬▬▬▬ ▬▬ ▬▬▬ ▬ ▬▬ ▬▬▬▬ ▬ ▬▬▬
▬▬ ▬▬▬ ▬ ▬▬▬▬ ▬▬ ▬▬▬ ▬ ▬▬ ▬▬▬▬ ▬ ▬▬▬
▬▬ ▬▬▬ ▬ ▬▬▬▬ ▬▬ ▬▬▬ ▬ ▬▬ ▬▬▬▬ ▬ ▬▬▬
▬▬ ▬▬▬ ▬ ▬▬▬▬ ▬▬ ▬▬▬ ▬ ▬▬ ▬▬▬▬ ▬ ▬▬▬
▬▬ ▬▬▬ ▬ ▬▬▬▬ ▬▬ ▬▬▬ ▬ ▬▬ ▬▬▬▬ ▬ ▬▬▬
▬▬ ▬▬▬ ▬ ▬▬▬▬ ▬▬ ▬▬▬ ▬ ▬▬ ▬▬▬▬ ▬ ▬▬▬
▬▬ ▬▬▬ ▬ ▬▬▬▬ ▬▬ ▬▬▬ ▬ ▬▬ ▬▬▬▬ ▬ ▬▬▬
▬▬ ▬▬▬ ▬ ▬▬▬▬ ▬▬ ▬▬▬ ▬ ▬▬ ▬▬▬▬ ▬ ▬▬▬
▬▬ ▬▬▬ ▬ ▬▬▬▬ ▬▬ ▬▬▬ ▬ ▬▬ ▬▬▬▬ ▬ ▬▬▬
▬▬ ▬▬▬ ▬ ▬▬▬▬ ▬▬ ▬▬▬ ▬ ▬▬ ▬▬▬▬ ▬ ▬▬▬
▬▬ ▬▬▬ ▬ ▬▬▬▬ ▬▬ ▬▬▬ ▬ ▬▬ ▬▬▬▬ ▬ ▬▬▬
▬▬ ▬▬▬ ▬ ▬▬▬▬ ▬▬ ▬▬▬ ▬ ▬▬ ▬▬▬▬ ▬ ▬▬▬
▬▬ ▬▬▬ ▬ ▬▬▬▬ ▬▬ ▬▬▬ ▬ ▬▬ ▬▬▬▬ ▬ ▬▬▬
▬▬ ▬▬▬ ▬ ▬▬▬▬ ▬▬ ▬▬▬ ▬ ▬▬ ▬▬▬▬ ▬ ▬▬▬
▬▬ ▬▬▬ ▬ ▬▬▬▬ ▬▬ ▬▬▬ ▬ ▬▬ ▬▬▬▬ ▬ ▬▬▬
▬▬ ▬▬▬ ▬ ▬▬▬▬ ▬▬ ▬▬▬ ▬ ▬▬ ▬▬▬▬ ▬ ▬▬▬
▬▬ ▬▬▬ ▬ ▬▬▬▬ ▬▬ ▬▬▬ ▬ ▬▬ ▬▬▬▬ ▬ ▬▬▬
▬▬ ▬▬▬ ▬ ▬▬▬▬ ▬▬ ▬▬▬ ▬ ▬▬ ▬▬▬▬ ▬ ▬▬▬
▬▬ ▬▬▬ ▬ ▬▬▬▬ ▬▬ ▬▬▬ ▬ ▬▬ ▬▬▬▬ ▬ ▬▬▬
▬▬ ▬▬▬ ▬ ▬▬▬▬ ▬▬ ▬▬▬ ▬ ▬▬ ▬▬▬▬ ▬ ▬▬▬
▬▬ ▬▬▬ ▬ ▬▬▬▬ ▬▬ ▬▬▬ ▬ ▬▬ ▬▬▬▬ ▬ ▬▬▬
▬▬ ▬▬▬ ▬ ▬▬▬▬ ▬▬ ▬▬▬ ▬ ▬▬ ▬▬▬▬ ▬ ▬▬▬
▬▬ ▬▬▬ ▬ ▬▬▬▬ ▬▬ ▬▬▬ ▬ ▬▬ ▬▬▬▬ ▬ ▬▬▬
▬▬ ▬▬▬ ▬ ▬▬▬▬ ▬▬ ▬▬▬ ▬ ▬▬ ▬▬▬▬ ▬ ▬▬▬
▬▬ ▬▬▬ ▬ ▬▬▬▬ ▬▬ ▬▬▬ ▬ ▬▬ ▬▬▬▬ ▬ ▬▬▬
▬▬ ▬▬▬ ▬ ▬▬▬▬ ▬▬ ▬▬▬ ▬ ▬▬ ▬▬▬▬ ▬ ▬▬▬
▬▬ ▬▬▬ ▬ ▬▬▬▬ ▬▬ ▬▬▬ ▬ ▬▬ ▬▬▬▬ ▬ ▬▬▬
▬▬ ▬▬▬ ▬ ▬▬▬▬ ▬▬ ▬▬▬ ▬ ▬▬ ▬▬▬▬ ▬ ▬▬▬
▬▬ ▬▬▬ ▬ ▬▬▬▬ ▬▬ ▬▬▬ ▬ ▬▬ ▬▬▬▬ ▬ ▬▬▬
▬▬ ▬▬▬ ▬ ▬▬▬▬ ▬▬ ▬▬▬ ▬ ▬▬ ▬▬▬▬ ▬ ▬▬▬
▬▬ ▬▬▬ ▬ ▬▬▬▬ ▬▬ ▬▬▬ ▬ ▬▬ ▬▬▬▬ ▬ ▬▬▬
▬▬ ▬▬▬ ▬ ▬▬▬▬ ▬▬ ▬▬▬ ▬ ▬▬ ▬▬▬▬ ▬ ▬▬▬
▬▬ ▬▬▬ ▬ ▬▬▬▬ ▬▬ ▬▬▬ ▬ ▬▬ ▬▬▬▬ ▬ ▬▬▬
▬▬ ▬▬▬ ▬ ▬▬▬▬ ▬▬ ▬▬▬ ▬ ▬▬ ▬▬▬▬ ▬ ▬▬▬
▬▬ ▬▬▬ ▬ ▬▬▬▬ ▬▬ ▬▬▬ ▬ ▬▬ ▬▬▬▬ ▬ ▬▬▬
▬▬ ▬▬▬ ▬ ▬▬▬▬ ▬▬ ▬▬▬ ▬ ▬▬ ▬▬▬▬ ▬ ▬▬▬
▬▬ ▬▬▬ ▬ ▬▬▬▬ ▬▬ ▬▬▬ ▬ ▬▬ ▬▬▬▬ ▬ ▬▬▬
▬▬ ▬▬▬ ▬ ▬▬▬▬ ▬▬ ▬▬▬ ▬ ▬▬ ▬▬▬▬ ▬ ▬▬▬
▬▬ ▬▬▬ ▬ ▬▬▬▬ ▬▬ ▬▬▬ ▬ ▬▬ ▬▬▬▬ ▬ ▬▬▬
▬▬ ▬▬▬ ▬ ▬▬▬▬ ▬▬ ▬▬▬ ▬ ▬▬ ▬▬▬▬ ▬ ▬▬▬
▬▬ ▬▬▬ ▬ ▬▬▬▬ ▬▬ ▬▬▬ ▬ ▬▬ ▬▬▬▬ ▬ ▬▬▬
▬▬ ▬▬▬ ▬ ▬▬▬▬ ▬▬ ▬▬▬ ▬ ▬▬ ▬▬▬▬ ▬ ▬▬▬
▬▬ ▬▬▬ ▬ ▬▬▬▬ ▬▬ ▬▬▬ ▬ ▬▬ ▬▬▬▬ ▬ ▬▬▬
▬▬ ▬▬▬ ▬ ▬▬▬▬ ▬▬ ▬▬▬ ▬ ▬▬ ▬▬▬▬ ▬ ▬▬▬
▬▬ ▬▬▬ ▬ ▬▬▬▬ ▬▬ ▬▬▬ ▬ ▬▬ ▬▬▬▬ ▬ ▬▬▬
▬▬ ▬▬▬ ▬ ▬▬▬▬ ▬▬ ▬▬▬ ▬ ▬▬ ▬▬▬▬ ▬ ▬▬▬
▬▬ ▬▬▬ ▬ ▬▬▬▬ ▬▬ ▬▬▬ ▬ ▬▬ ▬▬▬▬ ▬ ▬▬▬
▬▬ ▬▬▬ ▬ ▬▬▬▬ ▬▬ ▬▬▬ ▬ ▬▬ ▬▬▬▬ ▬ ▬▬▬
▬▬ ▬▬▬ ▬ ▬▬▬▬ ▬▬ ▬▬▬ ▬ ▬▬ ▬▬▬▬ ▬ ▬▬▬
▬▬ ▬▬▬ ▬ ▬▬▬▬ ▬▬ ▬▬▬ ▬ ▬▬ ▬▬▬▬ ▬ ▬▬▬
▬▬ ▬▬▬ ▬ ▬▬▬▬ ▬▬ ▬▬▬ ▬ ▬▬ ▬▬▬▬ ▬ ▬▬▬
▬▬ ▬▬▬ ▬ ▬▬▬▬ ▬▬ ▬▬▬ ▬ ▬▬ ▬▬▬▬ ▬ ▬▬▬
▬▬ ▬▬▬ ▬ ▬▬▬▬ ▬▬ ▬▬▬ ▬ ▬▬ ▬▬▬▬ ▬ ▬▬▬
▬▬ ▬▬▬ ▬ ▬▬▬▬ ▬▬ ▬▬▬ ▬ ▬▬ ▬▬▬▬ ▬ ▬▬▬
▬▬ ▬▬▬ ▬ ▬▬▬▬ ▬▬ ▬▬▬ ▬ ▬▬ ▬▬▬▬ ▬ ▬▬▬
▬▬ ▬▬▬ ▬ ▬▬▬▬ ▬▬ ▬▬▬ ▬ ▬▬ ▬▬▬▬ ▬ ▬▬▬
▬▬ ▬▬▬ ▬ ▬▬▬▬ ▬▬ ▬▬▬ ▬ ▬▬ ▬▬▬▬ ▬ ▬▬▬
▬▬ ▬▬▬ ▬ ▬▬▬▬ ▬▬ ▬▬▬ ▬ ▬▬ ▬▬▬▬ ▬ ▬▬▬
▬▬ ▬▬▬ ▬ ▬▬▬▬ ▬▬ ▬▬▬ ▬ ▬▬ ▬▬▬▬ ▬ ▬▬▬
▬▬ ▬▬▬ ▬ ▬▬▬▬ ▬▬ ▬▬▬ ▬ ▬▬ ▬▬▬▬ ▬ ▬▬▬
▬▬ ▬▬▬ ▬ ▬▬▬▬ ▬▬ ▬▬▬ ▬ ▬▬ ▬▬▬▬ ▬ ▬▬▬
▬▬ ▬▬▬ ▬ ▬▬▬▬ ▬▬ ▬▬▬ ▬ ▬▬ ▬▬▬▬ ▬ ▬▬▬
▬▬ ▬▬▬ ▬ ▬▬▬▬ ▬▬ ▬▬▬ ▬ ▬▬ ▬▬▬▬ ▬ ▬▬▬
▬▬ ▬▬▬ ▬ ▬▬▬▬ ▬▬ ▬▬▬ ▬ ▬▬ ▬▬▬▬ ▬ ▬▬▬
▬▬ ▬▬▬ ▬ ▬▬▬▬ ▬▬ ▬▬▬ ▬ ▬▬ ▬▬▬▬ ▬ ▬▬▬

বেনাপোলে গাছে ঝুলছিল স্বামী, মাঠে পড়েছিল স্ত্রীর মরদেহ
▬▬ ▬▬▬ ▬ ▬▬▬▬ ▬
▬▬ ▬▬▬ ▬ ▬▬▬▬ ▬
▬▬ ▬▬▬ ▬ ▬▬▬▬ ▬
▬▬ ▬▬▬ ▬ ▬▬▬▬ ▬
▬▬ ▬▬▬ ▬ ▬▬▬▬ ▬
▬▬ ▬▬▬ ▬ ▬▬▬▬ ▬
▬▬ ▬▬▬ ▬ ▬▬▬▬ ▬
▬▬ ▬▬▬ ▬ ▬▬▬▬ ▬
▬▬ ▬▬▬ ▬ ▬▬▬▬ ▬
▬▬ ▬▬▬ ▬ ▬▬▬▬ ▬
▬▬ ▬▬▬ ▬ ▬▬▬▬ ▬
▬▬ ▬▬▬ ▬ ▬▬▬▬ ▬
▬▬ ▬▬▬ ▬ ▬▬▬▬ ▬
▬▬ ▬▬▬ ▬ ▬▬▬▬ ▬
▬▬ ▬▬▬ ▬ ▬▬▬▬ ▬
▬▬ ▬▬▬ ▬ ▬▬▬▬ ▬
▬▬ ▬▬▬ ▬ ▬▬▬▬ ▬
▬▬ ▬▬▬ ▬ ▬▬▬▬ ▬
▬▬ ▬▬▬ ▬ ▬▬▬▬ ▬
▬▬ ▬▬▬ ▬ ▬▬▬▬ ▬
▬▬ ▬▬▬ ▬ ▬▬▬▬ ▬
▬▬ ▬▬▬ ▬ ▬▬▬▬ ▬
▬▬ ▬▬▬ ▬ ▬▬▬▬ ▬
▬▬ ▬▬▬ ▬ ▬▬▬▬ ▬
▬▬ ▬▬▬ ▬ ▬▬▬▬ ▬
▬▬ ▬▬▬ ▬ ▬▬▬▬ ▬
▬▬ ▬▬▬ ▬ ▬▬▬▬ ▬
▬▬ ▬▬▬ ▬ ▬▬▬▬ ▬
▬▬ ▬▬▬ ▬ ▬▬▬▬ ▬
▬▬ ▬▬▬ ▬ ▬▬▬▬ ▬
▬▬ ▬▬▬ ▬ ▬▬▬▬ ▬
▬▬ ▬▬▬ ▬ ▬▬▬▬ ▬
▬▬ ▬▬▬ ▬ ▬▬▬▬ ▬
▬▬ ▬▬▬ ▬ ▬▬▬▬ ▬
▬▬ ▬▬▬ ▬ ▬▬▬▬ ▬
▬▬ ▬▬▬ ▬ ▬▬▬▬ ▬
▬▬ ▬▬▬ ▬ ▬▬▬▬ ▬
▬▬ ▬▬▬ ▬ ▬▬▬▬ ▬
▬▬ ▬▬▬ ▬ ▬▬▬▬ ▬
▬▬ ▬▬▬ ▬ ▬▬▬▬ ▬
▬▬ ▬▬▬ ▬ ▬▬▬▬ ▬
▬▬ ▬▬▬ ▬ ▬▬▬▬ ▬
▬▬ ▬▬▬ ▬ ▬▬▬▬ ▬
▬▬ ▬▬▬ ▬ ▬▬▬▬ ▬
▬▬ ▬▬▬ ▬ ▬▬▬▬ ▬
▬▬ ▬▬▬ ▬ ▬▬▬▬ ▬
▬▬ ▬▬▬ ▬ ▬▬▬▬ ▬
▬▬ ▬▬▬ ▬ ▬▬▬▬ ▬
▬▬ ▬▬▬ ▬ ▬▬▬▬ ▬
▬▬ ▬▬▬ ▬ ▬▬▬▬ ▬
▬▬ ▬▬▬ ▬ ▬▬▬▬ ▬
▬▬ ▬▬▬ ▬ ▬▬▬▬ ▬

সাতার পুরবধূকে ধর্ষণের
(শেষ পাতার পর)
▬▬ ▬▬▬ ▬ ▬▬▬▬ ▬
▬▬ ▬▬▬ ▬ ▬▬▬▬ ▬
▬▬ ▬▬▬ ▬ ▬▬▬▬ ▬
▬▬ ▬▬▬ ▬ ▬▬▬▬ ▬
▬▬ ▬▬▬ ▬ ▬▬▬▬ ▬
▬▬ ▬▬▬ ▬ ▬▬▬▬ ▬
▬▬ ▬▬▬ ▬ ▬▬▬▬ ▬
▬▬ ▬▬▬ ▬ ▬▬▬▬ ▬
▬▬ ▬▬▬ ▬ ▬▬▬▬ ▬
▬▬ ▬▬▬ ▬ ▬▬▬▬ ▬
▬▬ ▬▬▬ ▬ ▬▬▬▬ ▬
▬▬ ▬▬▬ ▬ ▬▬▬▬ ▬
▬▬ ▬▬▬ ▬ ▬▬▬▬ ▬
▬▬ ▬▬▬ ▬ ▬▬▬▬ ▬
▬▬ ▬▬▬ ▬ ▬▬▬▬ ▬
▬▬ ▬▬▬ ▬ ▬▬▬▬ ▬
▬▬ ▬▬▬ ▬ ▬▬▬▬ ▬
▬▬ ▬▬▬ ▬ ▬▬▬▬ ▬
▬▬ ▬▬▬ ▬ ▬▬▬▬ ▬
▬▬ ▬▬▬ ▬ ▬▬▬▬ ▬
▬▬ ▬▬▬ ▬ ▬▬▬▬ ▬
▬▬ ▬▬▬ ▬ ▬▬▬▬ ▬
▬▬ ▬▬▬ ▬ ▬▬▬▬ ▬
▬▬ ▬▬▬ ▬ ▬▬▬▬ ▬
▬▬ ▬▬▬ ▬ ▬▬▬▬ ▬
▬▬ ▬▬▬ ▬ ▬▬▬▬ ▬
▬▬ ▬▬▬ ▬ ▬▬▬▬ ▬
▬▬ ▬▬▬ ▬ ▬▬▬▬ ▬
▬▬ ▬▬▬ ▬ ▬▬▬▬ ▬
▬▬ ▬▬▬ ▬ ▬▬▬▬ ▬
▬▬ ▬▬▬ ▬ ▬▬▬▬ ▬
▬▬ ▬▬▬ ▬ ▬▬▬▬ ▬
▬▬ ▬▬▬ ▬ ▬▬▬▬ ▬
▬▬ ▬▬▬ ▬ ▬▬▬▬ ▬
▬▬ ▬▬▬ ▬ ▬▬▬▬ ▬
▬▬ ▬▬▬ ▬ ▬▬▬▬ ▬
▬▬ ▬▬▬ ▬ ▬▬▬▬ ▬
▬▬ ▬▬▬ ▬ ▬▬▬▬ ▬
▬▬ ▬▬▬ ▬ ▬▬▬▬ ▬
▬▬ ▬▬▬ ▬ ▬▬▬▬ ▬
▬▬ ▬▬▬ ▬ ▬▬▬▬ ▬
▬▬ ▬▬▬ ▬ ▬▬▬▬ ▬
▬▬ ▬▬▬ ▬ ▬▬▬▬ ▬
▬▬ ▬▬▬ ▬ ▬▬▬▬ ▬
▬▬ ▬▬▬ ▬ ▬▬▬▬ ▬
▬▬ ▬▬▬ ▬ ▬▬▬▬ ▬
▬▬ ▬▬▬ ▬ ▬▬▬▬ ▬
▬▬ ▬▬▬ ▬ ▬▬▬▬ ▬
▬▬ ▬▬▬ ▬ ▬▬▬▬ ▬
▬▬ ▬▬▬ ▬ ▬▬▬▬ ▬
▬▬ ▬▬▬ ▬ ▬▬▬▬ ▬
▬▬ ▬▬▬ ▬ ▬▬▬▬ ▬
▬▬ ▬▬▬ ▬ ▬▬▬▬ ▬
▬▬ ▬▬▬ ▬ ▬▬▬▬ ▬
▬▬ ▬▬▬ ▬ ▬▬▬▬ ▬
▬▬ ▬▬▬ ▬ ▬▬▬▬ ▬
▬▬ ▬▬▬ ▬ ▬▬▬▬ ▬
▬▬ ▬▬▬ ▬ ▬▬▬▬ ▬
▬▬ ▬▬▬ ▬ ▬▬▬▬ ▬
▬▬ ▬▬▬ ▬ ▬▬▬▬ ▬
▬▬ ▬▬▬ ▬ ▬▬▬▬ ▬
▬▬ ▬▬▬ ▬ ▬▬▬▬ ▬
▬▬ ▬▬▬ ▬ ▬▬▬▬ ▬
▬▬ ▬▬▬ ▬ ▬▬▬▬ ▬
▬▬ ▬▬▬ ▬ ▬▬▬▬ ▬
▬▬ ▬▬▬ ▬ ▬▬▬▬ ▬
▬▬ ▬▬▬ ▬ ▬▬▬▬ ▬
▬▬ ▬▬▬ ▬ ▬▬▬▬ ▬
▬▬ ▬▬▬ ▬ ▬▬▬▬ ▬
▬▬ ▬▬▬ ▬ ▬▬▬▬ ▬
▬▬ ▬▬▬ ▬ ▬▬▬▬ ▬
▬▬ ▬▬▬ ▬ ▬▬▬▬ ▬
▬▬ ▬▬▬ ▬ ▬▬▬▬ ▬
▬▬ ▬▬▬ ▬ ▬▬▬▬ ▬
▬▬ ▬▬▬ ▬ ▬▬▬▬ ▬
▬▬ ▬▬▬ ▬ ▬▬▬▬ ▬
▬▬ ▬▬▬ ▬ ▬▬▬▬ ▬
▬▬ ▬▬▬ ▬ ▬▬▬▬ ▬

সুনামগঞ্জে চুরি করতে
(শেষ পাতার পর)
▬▬ ▬▬▬ ▬ ▬▬▬▬ ▬
▬▬ ▬▬▬ ▬ ▬▬▬▬ ▬
▬▬ ▬▬▬ ▬ ▬▬▬▬ ▬
▬▬ ▬▬▬ ▬ ▬▬▬▬ ▬
▬▬ ▬▬▬ ▬ ▬▬▬▬ ▬
▬▬ ▬▬▬ ▬ ▬▬▬▬ ▬
▬▬ ▬▬▬ ▬ ▬▬▬▬ ▬
▬▬ ▬▬▬ ▬ ▬▬▬▬ ▬
▬▬ ▬▬▬ ▬ ▬▬▬▬ ▬
▬▬ ▬▬▬ ▬ ▬▬▬▬ ▬

আজ বর্ষার প্রথম
(শেষ পাতার পর)
▬▬ ▬▬▬ ▬ ▬▬▬▬ ▬
▬▬ ▬▬▬ ▬ ▬▬▬▬ ▬
▬▬ ▬▬▬ ▬ ▬▬▬▬ ▬
▬▬ ▬▬▬ ▬ ▬▬▬▬ ▬
▬▬ ▬▬▬ ▬ ▬▬▬▬ ▬
▬▬ ▬▬▬ ▬ ▬▬▬▬ ▬
▬▬ ▬▬▬ ▬ ▬▬▬▬ ▬
▬▬ ▬▬▬ ▬ ▬▬▬▬ ▬
▬▬ ▬▬▬ ▬ ▬▬▬▬ ▬
▬▬ ▬▬▬ ▬ ▬▬▬▬ ▬
▬▬ ▬▬▬ ▬ ▬▬▬▬ ▬
▬▬ ▬▬▬ ▬ ▬▬▬▬ ▬
▬▬ ▬▬▬ ▬ ▬▬▬▬ ▬
▬▬ ▬▬▬ ▬ ▬▬▬▬ ▬
▬▬ ▬▬▬ ▬ ▬▬▬▬ ▬
▬▬ ▬▬▬ ▬ ▬▬▬▬ ▬
▬▬ ▬▬▬ ▬ ▬▬▬▬ ▬
▬▬ ▬▬▬ ▬ ▬▬▬▬ ▬
▬▬ ▬▬▬ ▬ ▬▬▬▬ ▬
▬▬ ▬▬▬ ▬ ▬▬▬▬ ▬
▬▬ ▬▬▬ ▬ ▬▬▬▬ ▬
▬▬ ▬▬▬ ▬ ▬▬▬▬ ▬
▬▬ ▬▬▬ ▬ ▬▬▬▬ ▬
▬▬ ▬▬▬ ▬ ▬▬▬▬ ▬
▬▬ ▬▬▬ ▬ ▬▬▬▬ ▬
▬▬ ▬▬▬ ▬ ▬▬▬▬ ▬
▬▬ ▬▬▬ ▬ ▬▬▬▬ ▬
▬▬ ▬▬▬ ▬ ▬▬▬▬ ▬
▬▬ ▬▬▬ ▬ ▬▬▬▬ ▬
▬▬ ▬▬▬ ▬ ▬▬▬▬ ▬
▬▬ ▬▬▬ ▬ ▬▬▬▬ ▬
▬▬ ▬▬▬ ▬ ▬▬▬▬ ▬

শ্রমিক ছাঁটাইয়ের প্রতিবাদে গাজীপুরে
(শেষ পাতার পর)
▬▬ ▬▬▬ ▬ ▬▬▬▬ ▬▬ ▬▬▬ ▬ ▬▬ ▬▬▬▬ ▬ ▬▬▬ ▬▬
▬▬ ▬▬▬ ▬ ▬▬▬▬ ▬▬ ▬▬▬ ▬ ▬▬ ▬▬▬▬ ▬ ▬▬▬ ▬▬
▬▬ ▬▬▬ ▬ ▬▬▬▬ ▬▬ ▬▬▬ ▬ ▬▬ ▬▬▬▬ ▬ ▬▬▬ ▬▬
▬▬ ▬▬▬ ▬ ▬▬▬▬ ▬▬ ▬▬▬ ▬ ▬▬ ▬▬▬▬ ▬ ▬▬▬ ▬▬
▬▬ ▬▬▬ ▬ ▬▬▬▬ ▬▬ ▬▬▬ ▬ ▬▬ ▬▬▬▬ ▬ ▬▬▬ ▬▬
▬▬ ▬▬▬ ▬ ▬▬▬▬ ▬▬ ▬▬▬ ▬ ▬▬ ▬▬▬▬ ▬ ▬▬▬ ▬▬
▬▬ ▬▬▬ ▬ ▬▬▬▬ ▬▬ ▬▬▬ ▬ ▬▬ ▬▬▬▬ ▬ ▬▬▬ ▬▬
▬▬ ▬▬▬ ▬ ▬▬▬▬ ▬▬ ▬▬▬ ▬ ▬▬ ▬▬▬▬ ▬ ▬▬▬ ▬▬
▬▬ ▬▬▬ ▬ ▬▬▬▬ ▬▬ ▬▬▬ ▬ ▬▬ ▬▬▬▬ ▬ ▬▬▬ ▬▬
▬▬ ▬▬▬ ▬ ▬▬▬▬ ▬▬ ▬▬▬ ▬ ▬▬ ▬▬▬▬ ▬ ▬▬▬ ▬▬
▬▬ ▬▬▬ ▬ ▬▬▬▬ ▬▬ ▬▬▬ ▬ ▬▬ ▬▬▬▬ ▬ ▬▬▬ ▬▬
▬▬ ▬▬▬ ▬ ▬▬▬▬ ▬▬ ▬▬▬ ▬ ▬▬ ▬▬▬▬ ▬ ▬▬▬ ▬▬
▬▬ ▬▬▬ ▬ ▬▬▬▬ ▬▬ ▬▬▬ ▬ ▬▬ ▬▬▬▬ ▬ ▬▬▬ ▬▬
▬▬ ▬▬▬ ▬ ▬▬▬▬ ▬▬ ▬▬▬ ▬ ▬▬ ▬▬▬▬ ▬ ▬▬▬ ▬▬
▬▬ ▬▬▬ ▬ ▬▬▬▬ ▬▬ ▬▬▬ ▬ ▬▬ ▬▬▬▬ ▬ ▬▬▬ ▬▬
▬▬ ▬▬▬ ▬ ▬▬▬▬ ▬▬ ▬▬▬ ▬ ▬▬ ▬▬▬▬ ▬ ▬▬▬ ▬▬
▬▬ ▬▬▬ ▬ ▬▬▬▬ ▬▬ ▬▬▬ ▬ ▬▬ ▬▬▬▬ ▬ ▬▬▬ ▬▬
▬▬ ▬▬▬ ▬ ▬▬▬▬ ▬▬ ▬▬▬ ▬ ▬▬ ▬▬▬▬ ▬ ▬▬▬ ▬▬
▬▬ ▬▬▬ ▬ ▬▬▬▬ ▬▬ ▬▬▬ ▬ ▬▬ ▬▬▬▬ ▬ ▬▬▬ ▬▬
▬▬ ▬▬▬ ▬ ▬▬▬▬ ▬▬ ▬▬▬ ▬ ▬▬ ▬▬▬▬ ▬ ▬▬▬ ▬▬
▬▬ ▬▬▬ ▬ ▬▬▬▬ ▬▬ ▬▬▬ ▬ ▬▬ ▬▬▬▬ ▬ ▬▬▬ ▬▬

কূটনীতিকদের 'আত্মঘাতী গোলে'
(শেষ পাতার পর)
▬▬ ▬▬▬ ▬ ▬▬▬▬ ▬▬ ▬▬▬ ▬ ▬▬ ▬▬▬▬ ▬ ▬▬▬ ▬▬
▬▬ ▬▬▬ ▬ ▬▬▬▬ ▬▬ ▬▬▬ ▬ ▬▬ ▬▬▬▬ ▬ ▬▬▬ ▬▬
▬▬ ▬▬▬ ▬ ▬▬▬▬ ▬▬ ▬▬▬ ▬ ▬▬ ▬▬▬▬ ▬ ▬▬▬ ▬▬
▬▬ ▬▬▬ ▬ ▬▬▬▬ ▬▬ ▬▬▬ ▬ ▬▬ ▬▬▬▬ ▬ ▬▬▬ ▬▬
▬▬ ▬▬▬ ▬ ▬▬▬▬ ▬▬ ▬▬▬ ▬ ▬▬ ▬▬▬▬ ▬ ▬▬▬ ▬▬
▬▬ ▬▬▬ ▬ ▬▬▬▬ ▬▬ ▬▬▬ ▬ ▬▬ ▬▬▬▬ ▬ ▬▬▬ ▬▬
▬▬ ▬▬▬ ▬ ▬▬▬▬ ▬▬ ▬▬▬ ▬ ▬▬ ▬▬▬▬ ▬ ▬▬▬ ▬▬
▬▬ ▬▬▬ ▬ ▬▬▬▬ ▬▬ ▬▬▬ ▬ ▬▬ ▬▬▬▬ ▬ ▬▬▬ ▬▬
▬▬ ▬▬▬ ▬ ▬▬▬▬ ▬▬ ▬▬▬ ▬ ▬▬ ▬▬▬▬ ▬ ▬▬▬ ▬▬
▬▬ ▬▬▬ ▬ ▬▬▬▬ ▬▬ ▬▬▬ ▬ ▬▬ ▬▬▬▬ ▬ ▬▬▬ ▬▬
▬▬ ▬▬▬ ▬ ▬▬▬▬ ▬▬ ▬▬▬ ▬ ▬▬ ▬▬▬▬ ▬ ▬▬▬ ▬▬
▬▬ ▬▬▬ ▬ ▬▬▬▬ ▬▬ ▬▬▬ ▬ ▬▬ ▬▬▬▬ ▬ ▬▬▬ ▬▬
▬▬ ▬▬▬ ▬ ▬▬▬▬ ▬▬ ▬▬▬ ▬ ▬▬ ▬▬▬▬ ▬ ▬▬▬ ▬▬
▬▬ ▬▬▬ ▬ ▬▬▬▬ ▬▬ ▬▬▬ ▬ ▬▬ ▬▬▬▬ ▬ ▬▬▬ ▬▬
▬▬ ▬▬▬ ▬ ▬▬▬▬ ▬▬ ▬▬▬ ▬ ▬▬ ▬▬▬▬ ▬ ▬▬▬ ▬▬
▬▬ ▬▬▬ ▬ ▬▬▬▬ ▬▬ ▬▬▬ ▬ ▬▬ ▬▬▬▬ ▬ ▬▬▬ ▬▬
▬▬ ▬▬▬ ▬ ▬▬▬▬ ▬▬ ▬▬▬ ▬ ▬▬ ▬▬▬▬ ▬ ▬▬▬ ▬▬
▬▬ ▬▬▬ ▬ ▬▬▬▬ ▬▬ ▬▬▬ ▬ ▬▬ ▬▬▬▬ ▬ ▬▬▬ ▬▬
▬▬ ▬▬▬ ▬ ▬▬▬▬ ▬▬ ▬▬▬ ▬ ▬▬ ▬▬▬▬ ▬ ▬▬▬ ▬▬
▬▬ ▬▬▬ ▬ ▬▬▬▬ ▬▬ ▬▬▬ ▬ ▬▬ ▬▬▬▬ ▬ ▬▬▬ ▬▬
▬▬ ▬▬▬ ▬ ▬▬▬▬ ▬▬ ▬▬▬ ▬ ▬▬ ▬▬▬▬ ▬ ▬▬▬ ▬▬
▬▬ ▬▬▬ ▬ ▬▬▬▬ ▬▬ ▬▬▬ ▬ ▬▬ ▬▬▬▬ ▬ ▬▬▬ ▬▬
▬▬ ▬▬▬ ▬ ▬▬▬▬ ▬▬ ▬▬▬ ▬ ▬▬ ▬▬▬▬ ▬ ▬▬▬ ▬▬
▬▬ ▬▬▬ ▬ ▬▬▬▬ ▬▬ ▬▬▬ ▬ ▬▬ ▬▬▬▬ ▬ ▬▬▬ ▬▬
▬▬ ▬▬▬ ▬ ▬▬▬▬ ▬▬ ▬▬▬ ▬ ▬▬ ▬▬▬▬ ▬ ▬▬▬ ▬▬
▬▬ ▬▬▬ ▬ ▬▬▬▬ ▬▬ ▬▬▬ ▬ ▬▬ ▬▬▬▬ ▬ ▬▬▬ ▬▬
▬▬ ▬▬▬ ▬ ▬▬▬▬ ▬▬ ▬▬▬ ▬ ▬▬ ▬▬▬▬ ▬ ▬▬▬ ▬▬
▬▬ ▬▬▬ ▬ ▬▬▬▬ ▬▬ ▬▬▬ ▬ ▬▬ ▬▬▬▬ ▬ ▬▬▬ ▬▬
▬▬ ▬▬▬ ▬ ▬▬▬▬ ▬▬ ▬▬▬ ▬ ▬▬ ▬▬▬▬ ▬ ▬▬▬ ▬▬

মুক্তিপণ না পেয়ে দক্ষিণ আফ্রিকায়
(শেষ পাতার পর)
▬▬ ▬▬▬ ▬ ▬▬▬▬ ▬▬ ▬▬▬ ▬ ▬▬ ▬▬▬▬ ▬ ▬▬▬ ▬▬
▬▬ ▬▬▬ ▬ ▬▬▬▬ ▬▬ ▬▬▬ ▬ ▬▬ ▬▬▬▬ ▬ ▬▬▬ ▬▬
▬▬ ▬▬▬ ▬ ▬▬▬▬ ▬▬ ▬▬▬ ▬ ▬▬ ▬▬▬▬ ▬ ▬▬▬ ▬▬
▬▬ ▬▬▬ ▬ ▬▬▬▬ ▬▬ ▬▬▬ ▬ ▬▬ ▬▬▬▬ ▬ ▬▬▬ ▬▬
▬▬ ▬▬▬ ▬ ▬▬▬▬ ▬▬ ▬▬▬ ▬ ▬▬ ▬▬▬▬ ▬ ▬▬▬ ▬▬
▬▬ ▬▬▬ ▬ ▬▬▬▬ ▬▬ ▬▬▬ ▬ ▬▬ ▬▬▬▬ ▬ ▬▬▬ ▬▬
▬▬ ▬▬▬ ▬ ▬▬▬▬ ▬▬ ▬▬▬ ▬ ▬▬ ▬▬▬▬ ▬ ▬▬▬ ▬▬
▬▬ ▬▬▬ ▬ ▬▬▬▬ ▬▬ ▬▬▬ ▬ ▬▬ ▬▬▬▬ ▬ ▬▬▬ ▬▬
▬▬ ▬▬▬ ▬ ▬▬▬▬ ▬▬ ▬▬▬ ▬ ▬▬ ▬▬▬▬ ▬ ▬▬▬ ▬▬
▬▬ ▬▬▬ ▬ ▬▬▬▬ ▬▬ ▬▬▬ ▬ ▬▬ ▬▬▬▬ ▬ ▬▬▬ ▬▬
▬▬ ▬▬▬ ▬ ▬▬▬▬ ▬▬ ▬▬▬ ▬ ▬▬ ▬▬▬▬ ▬ ▬▬▬ ▬▬
▬▬ ▬▬▬ ▬ ▬▬▬▬ ▬▬ ▬▬▬ ▬ ▬▬ ▬▬▬▬ ▬ ▬▬▬ ▬▬
▬▬ ▬▬▬ ▬ ▬▬▬▬ ▬▬ ▬▬▬ ▬ ▬▬ ▬▬▬▬ ▬ ▬▬▬ ▬▬
▬▬ ▬▬▬ ▬ ▬▬▬▬ ▬▬ ▬▬▬ ▬ ▬▬ ▬▬▬▬ ▬ ▬▬▬ ▬▬
▬▬ ▬▬▬ ▬ ▬▬▬▬ ▬▬ ▬▬▬ ▬ ▬▬ ▬▬▬▬ ▬ ▬▬▬ ▬▬
▬▬ ▬▬▬ ▬ ▬▬▬▬ ▬▬ ▬▬▬ ▬ ▬▬ ▬▬▬▬ ▬ ▬▬▬ ▬▬
▬▬ ▬▬▬ ▬ ▬▬▬▬ ▬▬ ▬▬▬ ▬ ▬▬ ▬▬▬▬ ▬ ▬▬▬ ▬▬
▬▬ ▬▬▬ ▬ ▬▬▬▬ ▬▬ ▬▬▬ ▬ ▬▬ ▬▬▬▬ ▬ ▬▬▬ ▬▬
▬▬ ▬▬▬ ▬ ▬▬▬▬ ▬▬ ▬▬▬ ▬ ▬▬ ▬▬▬▬ ▬ ▬▬▬ ▬▬
▬▬ ▬▬▬ ▬ ▬▬▬▬ ▬▬ ▬▬▬ ▬ ▬▬ ▬▬▬▬ ▬ ▬▬▬ ▬▬
▬▬ ▬▬▬ ▬ ▬▬▬▬ ▬▬ ▬▬▬ ▬ ▬▬ ▬▬▬▬ ▬ ▬▬▬ ▬▬
▬▬ ▬▬▬ ▬ ▬▬▬▬ ▬▬ ▬▬▬ ▬ ▬▬ ▬▬▬▬ ▬ ▬▬▬ ▬▬
▬▬ ▬▬▬ ▬ ▬▬▬▬ ▬▬ ▬▬▬ ▬ ▬▬ ▬▬▬▬ ▬ ▬▬▬ ▬▬
▬▬ ▬▬▬ ▬ ▬▬▬▬ ▬▬ ▬▬▬ ▬ ▬▬ ▬▬▬▬ ▬ ▬▬▬ ▬▬
▬▬ ▬▬▬ ▬ ▬▬▬▬ ▬▬ ▬▬▬ ▬ ▬▬ ▬▬▬▬ ▬ ▬▬▬ ▬▬

রাজধানীতে মানুষের ঢল
(শেষ পাতার পর)
▬▬ ▬▬▬ ▬ ▬▬▬▬ ▬▬ ▬▬▬ ▬ ▬▬ ▬▬▬▬ ▬ ▬▬▬ ▬▬
▬▬ ▬▬▬ ▬ ▬▬▬▬ ▬▬ ▬▬▬ ▬ ▬▬ ▬▬▬▬ ▬ ▬▬▬ ▬▬
▬▬ ▬▬▬ ▬ ▬▬▬▬ ▬▬ ▬▬▬ ▬ ▬▬ ▬▬▬▬ ▬ ▬▬▬ ▬▬
▬▬ ▬▬▬ ▬ ▬▬▬▬ ▬▬ ▬▬▬ ▬ ▬▬ ▬▬▬▬ ▬ ▬▬▬ ▬▬
▬▬ ▬▬▬ ▬ ▬▬▬▬ ▬▬ ▬▬▬ ▬ ▬▬ ▬▬▬▬ ▬ ▬▬▬ ▬▬
▬▬ ▬▬▬ ▬ ▬▬▬▬ ▬▬ ▬▬▬ ▬ ▬▬ ▬▬▬▬ ▬ ▬▬▬ ▬▬
▬▬ ▬▬▬ ▬ ▬▬▬▬ ▬▬ ▬▬▬ ▬ ▬▬ ▬▬▬▬ ▬ ▬▬▬ ▬▬
▬▬ ▬▬▬ ▬ ▬▬▬▬ ▬▬ ▬▬▬ ▬ ▬▬ ▬▬▬▬ ▬ ▬▬▬ ▬▬
▬▬ ▬▬▬ ▬ ▬▬▬▬ ▬▬ ▬▬▬ ▬ ▬▬ ▬▬▬▬ ▬ ▬▬▬ ▬▬
▬▬ ▬▬▬ ▬ ▬▬▬▬ ▬▬ ▬▬▬ ▬ ▬▬ ▬▬▬▬ ▬ ▬▬▬ ▬▬
▬▬ ▬▬▬ ▬ ▬▬▬▬ ▬▬ ▬▬▬ ▬ ▬▬ ▬▬▬▬ ▬ ▬▬▬ ▬▬
▬▬ ▬▬▬ ▬ ▬▬▬▬ ▬▬ ▬▬▬ ▬ ▬▬ ▬▬▬▬ ▬ ▬▬▬ ▬▬
▬▬ ▬▬▬ ▬ ▬▬▬▬ ▬▬ ▬▬▬ ▬ ▬▬ ▬▬▬▬ ▬ ▬▬▬ ▬▬
▬▬ ▬▬▬ ▬ ▬▬▬▬ ▬▬ ▬▬▬ ▬ ▬▬ ▬▬▬▬ ▬ ▬▬▬ ▬▬
▬▬ ▬▬▬ ▬ ▬▬▬▬ ▬▬ ▬▬▬ ▬ ▬▬ ▬▬▬▬ ▬ ▬▬▬ ▬▬
▬▬ ▬▬▬ ▬ ▬▬▬▬ ▬▬ ▬▬▬ ▬ ▬▬ ▬▬▬▬ ▬ ▬▬▬ ▬▬
▬▬ ▬▬▬ ▬ ▬▬▬▬ ▬▬ ▬▬▬ ▬ ▬▬ ▬▬▬▬ ▬ ▬▬▬ ▬▬
▬▬ ▬▬▬ ▬ ▬▬▬▬ ▬▬ ▬▬▬ ▬ ▬▬ ▬▬▬▬ ▬ ▬▬▬ ▬▬
▬▬ ▬▬▬ ▬ ▬▬▬▬ ▬▬ ▬▬▬ ▬ ▬▬ ▬▬▬▬ ▬ ▬▬▬ ▬▬
▬▬ ▬▬▬ ▬ ▬▬▬▬ ▬▬ ▬▬▬ ▬ ▬▬ ▬▬▬▬ ▬ ▬▬▬ ▬▬
▬▬ ▬▬▬ ▬ ▬▬▬▬ ▬▬ ▬▬▬ ▬ ▬▬ ▬▬▬▬ ▬ ▬▬▬ ▬▬
▬▬ ▬▬▬ ▬ ▬▬▬▬ ▬▬ ▬▬▬ ▬ ▬▬ ▬▬▬▬ ▬ ▬▬▬ ▬▬
▬▬ ▬▬▬ ▬ ▬▬▬▬ ▬▬ ▬▬▬ ▬ ▬▬ ▬▬▬▬ ▬ ▬▬▬ ▬▬
▬▬ ▬▬▬ ▬ ▬▬▬▬ ▬▬ ▬▬▬ ▬ ▬▬ ▬▬▬▬ ▬ ▬▬▬ ▬▬
▬▬ ▬▬▬ ▬ ▬▬▬▬ ▬▬ ▬▬▬ ▬ ▬▬ ▬▬▬▬ ▬ ▬▬▬ ▬▬
▬▬ ▬▬▬ ▬ ▬▬▬▬ ▬▬ ▬▬▬ ▬ ▬▬ ▬▬▬▬ ▬ ▬▬▬ ▬▬
▬▬ ▬▬▬ ▬ ▬▬▬▬ ▬▬ ▬▬▬ ▬ ▬▬ ▬▬▬▬ ▬ ▬▬▬ ▬▬
▬▬ ▬▬▬ ▬ ▬▬▬▬ ▬▬ ▬▬▬ ▬ ▬▬ ▬▬▬▬ ▬ ▬▬▬ ▬▬
▬▬ ▬▬▬ ▬ ▬▬▬▬ ▬▬ ▬▬▬ ▬ ▬▬ ▬▬▬▬ ▬ ▬▬▬ ▬▬
▬▬ ▬▬▬ ▬ ▬▬▬▬ ▬▬ ▬▬▬ ▬ ▬▬ ▬▬▬▬ ▬ ▬▬▬ ▬▬
▬▬ ▬▬▬ ▬ ▬▬▬▬ ▬▬ ▬▬▬ ▬ ▬▬ ▬▬▬▬ ▬ ▬▬▬ ▬▬
▬▬ ▬▬▬ ▬ ▬▬▬▬ ▬▬ ▬▬▬ ▬ ▬▬ ▬▬▬▬ ▬ ▬▬▬ ▬▬
▬▬ ▬▬▬ ▬ ▬▬▬▬ ▬▬ ▬▬▬ ▬ ▬▬ ▬▬▬▬ ▬ ▬▬▬ ▬▬
▬▬ ▬▬▬ ▬ ▬▬▬▬ ▬▬ ▬▬▬ ▬ ▬▬ ▬▬▬▬ ▬ ▬▬▬ ▬▬
▬▬ ▬▬▬ ▬ ▬▬▬▬ ▬▬ ▬▬▬ ▬ ▬▬ ▬▬▬▬ ▬ ▬▬▬ ▬▬
▬▬ ▬▬▬ ▬ ▬▬▬▬ ▬▬ ▬▬▬ ▬ ▬▬ ▬▬▬▬ ▬ ▬▬▬ ▬▬
▬▬ ▬▬▬ ▬ ▬▬▬▬ ▬▬ ▬▬▬ ▬ ▬▬ ▬▬▬▬ ▬ ▬▬▬ ▬▬
▬▬ ▬▬▬ ▬ ▬▬▬▬ ▬▬ ▬▬▬ ▬ ▬▬ ▬▬▬▬ ▬ ▬▬▬ ▬▬
▬▬ ▬▬▬ ▬ ▬▬▬▬ ▬▬ ▬▬▬ ▬ ▬▬ ▬▬▬▬ ▬ ▬▬▬ ▬▬

আপনার রাশিফল
১৫ জুন ২০২৫
জ্যোতিষ কার্তিক কুমার রায়
▬▬ ▬▬▬ ▬ ▬▬▬▬ ▬▬ ▬▬▬ ▬ ▬▬ ▬▬▬▬ ▬ ▬▬▬
▬▬ ▬▬▬ ▬ ▬▬▬▬ ▬▬ ▬▬▬ ▬ ▬▬ ▬▬▬▬ ▬ ▬▬▬
▬▬ ▬▬▬ ▬ ▬▬▬▬ ▬▬ ▬▬▬ ▬ ▬▬ ▬▬▬▬ ▬ ▬▬▬
▬▬ ▬▬▬ ▬ ▬▬▬▬ ▬▬ ▬▬▬ ▬ ▬▬ ▬▬▬▬ ▬ ▬▬▬
▬▬ ▬▬▬ ▬ ▬▬▬▬ ▬▬ ▬▬▬ ▬ ▬▬ ▬▬▬▬ ▬ ▬▬▬
▬▬ ▬▬▬ ▬ ▬▬▬▬ ▬▬ ▬▬▬ ▬ ▬▬ ▬▬▬▬ ▬ ▬▬▬
▬▬ ▬▬▬ ▬ ▬▬▬▬ ▬▬ ▬▬▬ ▬ ▬▬ ▬▬▬▬ ▬ ▬▬▬
▬▬ ▬▬▬ ▬ ▬▬▬▬ ▬▬ ▬▬▬ ▬ ▬▬ ▬▬▬▬ ▬ ▬▬▬
▬▬ ▬▬▬ ▬ ▬▬▬▬ ▬▬ ▬▬▬ ▬ ▬▬ ▬▬▬▬ ▬ ▬▬▬
▬▬ ▬▬▬ ▬ ▬▬▬▬ ▬▬ ▬▬▬ ▬ ▬▬ ▬▬▬▬ ▬ ▬▬▬

আজকের দিনের তিথি ঃ কৃষ্ণপক্ষে চতুর্থী
দুপুর ০২/৪৬-২৯ সে: পর্যন্ত, পরে পঞ্চমী আরম্ভ।
▬▬ ▬▬▬ ▬ ▬▬▬▬ ▬
▬▬ ▬▬▬ ▬ ▬▬▬▬ ▬
▬▬ ▬▬▬ ▬ ▬▬▬▬ ▬
▬▬ ▬▬▬ ▬ ▬▬▬▬ ▬
▬▬ ▬▬▬ ▬ ▬▬▬▬ ▬
▬▬ ▬▬▬ ▬ ▬▬▬▬ ▬
▬▬ ▬▬▬ ▬ ▬▬▬▬ ▬
▬▬ ▬▬▬ ▬ ▬▬▬▬ ▬
▬▬ ▬▬▬ ▬ ▬▬▬▬ ▬
▬▬ ▬▬▬ ▬ ▬▬▬▬ ▬
▬▬ ▬▬▬ ▬ ▬▬▬▬ ▬
▬▬ ▬▬▬ ▬ ▬▬▬▬ ▬
▬▬ ▬▬▬ ▬ ▬▬▬▬ ▬
▬▬ ▬▬▬ ▬ ▬▬▬▬ ▬
▬▬ ▬▬▬ ▬ ▬▬▬▬ ▬
▬▬ ▬▬▬ ▬ ▬▬▬▬ ▬
▬▬ ▬▬▬ ▬ ▬▬▬▬ ▬
▬▬ ▬▬▬ ▬ ▬▬▬▬ ▬
▬▬ ▬▬▬ ▬ ▬▬▬▬ ▬
▬▬ ▬▬▬ ▬ ▬▬▬▬ ▬
▬▬ ▬▬▬ ▬ ▬▬▬▬ ▬
▬▬ ▬▬▬ ▬ ▬▬▬▬ ▬
▬▬ ▬▬▬ ▬ ▬▬▬▬ ▬
▬▬ ▬▬▬ ▬ ▬▬▬▬ ▬
▬▬ ▬▬▬ ▬ ▬▬▬▬ ▬
▬▬ ▬▬▬ ▬ ▬▬▬▬ ▬
▬▬ ▬▬▬ ▬ ▬▬▬▬ ▬
▬▬ ▬▬▬ ▬ ▬▬▬▬ ▬
▬▬ ▬▬▬ ▬ ▬▬▬▬ ▬
▬▬ ▬▬▬ ▬ ▬▬▬▬ ▬
▬▬ ▬▬▬ ▬ ▬▬▬▬ ▬
▬▬ ▬▬▬ ▬ ▬▬▬▬ ▬
▬▬ ▬▬▬ ▬ ▬▬▬▬ ▬
▬▬ ▬▬▬ ▬ ▬▬▬▬ ▬
▬▬ ▬▬▬ ▬ ▬▬▬▬ ▬
▬▬ ▬▬▬ ▬ ▬▬▬▬ ▬
▬▬ ▬▬▬ ▬ ▬▬▬▬ ▬
▬▬ ▬▬▬ ▬ ▬▬▬▬ ▬
▬▬ ▬▬▬ ▬ ▬▬▬▬ ▬
▬▬ ▬▬▬ ▬ ▬▬▬▬ ▬
▬▬ ▬▬▬ ▬ ▬▬▬▬ ▬
▬▬ ▬▬▬ ▬ ▬▬▬▬ ▬
▬▬ ▬▬▬ ▬ ▬▬▬▬ ▬

▬▬ ▬▬▬ ▬ ▬▬▬▬ ▬
▬▬ ▬▬▬ ▬ ▬▬▬▬ ▬
▬▬ ▬▬▬ ▬ ▬▬▬▬ ▬
▬▬ ▬▬▬ ▬ ▬▬▬▬ ▬
▬▬ ▬▬▬ ▬ ▬▬▬▬ ▬
▬▬ ▬▬▬ ▬ ▬▬▬▬ ▬
▬▬ ▬▬▬ ▬ ▬▬▬▬ ▬
▬▬ ▬▬▬ ▬ ▬▬▬▬ ▬
▬▬ ▬▬▬ ▬ ▬▬▬▬ ▬
▬▬ ▬▬▬ ▬ ▬▬▬▬ ▬
▬▬ ▬▬▬ ▬ ▬▬▬▬ ▬
▬▬ ▬▬▬ ▬ ▬▬▬▬ ▬
▬▬ ▬▬▬ ▬ ▬▬▬▬ ▬
▬▬ ▬▬▬ ▬ ▬▬▬▬ ▬
▬▬ ▬▬▬ ▬ ▬▬▬▬ ▬
▬▬ ▬▬▬ ▬ ▬▬▬▬ ▬
▬▬ ▬▬▬ ▬ ▬▬▬▬ ▬
▬▬ ▬▬▬ ▬ ▬▬▬▬ ▬
▬▬ ▬▬▬ ▬ ▬▬▬▬ ▬
▬▬ ▬▬▬ ▬ ▬▬▬▬ ▬
▬▬ ▬▬▬ ▬ ▬▬▬▬ ▬
▬▬ ▬▬▬ ▬ ▬▬▬▬ ▬
▬▬ ▬▬▬ ▬ ▬▬▬▬ ▬
▬▬ ▬▬▬ ▬ ▬▬▬▬ ▬
▬▬ ▬▬▬ ▬ ▬▬▬▬ ▬
▬▬ ▬▬▬ ▬ ▬▬▬▬ ▬
▬▬ ▬▬▬ ▬ ▬▬▬▬ ▬
▬▬ ▬▬▬ ▬ ▬▬▬▬ ▬
▬▬ ▬▬▬ ▬ ▬▬▬▬ ▬
▬▬ ▬▬▬ ▬ ▬▬▬▬ ▬
▬▬ ▬▬▬ ▬ ▬▬▬▬ ▬
▬▬ ▬▬▬ ▬ ▬▬▬▬ ▬
▬▬ ▬▬▬ ▬ ▬▬▬▬ ▬
▬▬ ▬▬▬ ▬ ▬▬▬▬ ▬
▬▬ ▬▬▬ ▬ ▬▬▬▬ ▬
▬▬ ▬▬▬ ▬ ▬▬▬▬ ▬
▬▬ ▬▬▬ ▬ ▬▬▬▬ ▬
▬▬ ▬▬▬ ▬ ▬▬▬▬ ▬
▬▬ ▬▬▬ ▬ ▬▬▬▬ ▬
▬▬ ▬▬▬ ▬ ▬▬▬▬ ▬
▬▬ ▬▬▬ ▬ ▬▬▬▬ ▬
▬▬ ▬▬▬ ▬ ▬▬▬▬ ▬
▬▬ ▬▬▬ ▬ ▬▬▬▬ ▬
